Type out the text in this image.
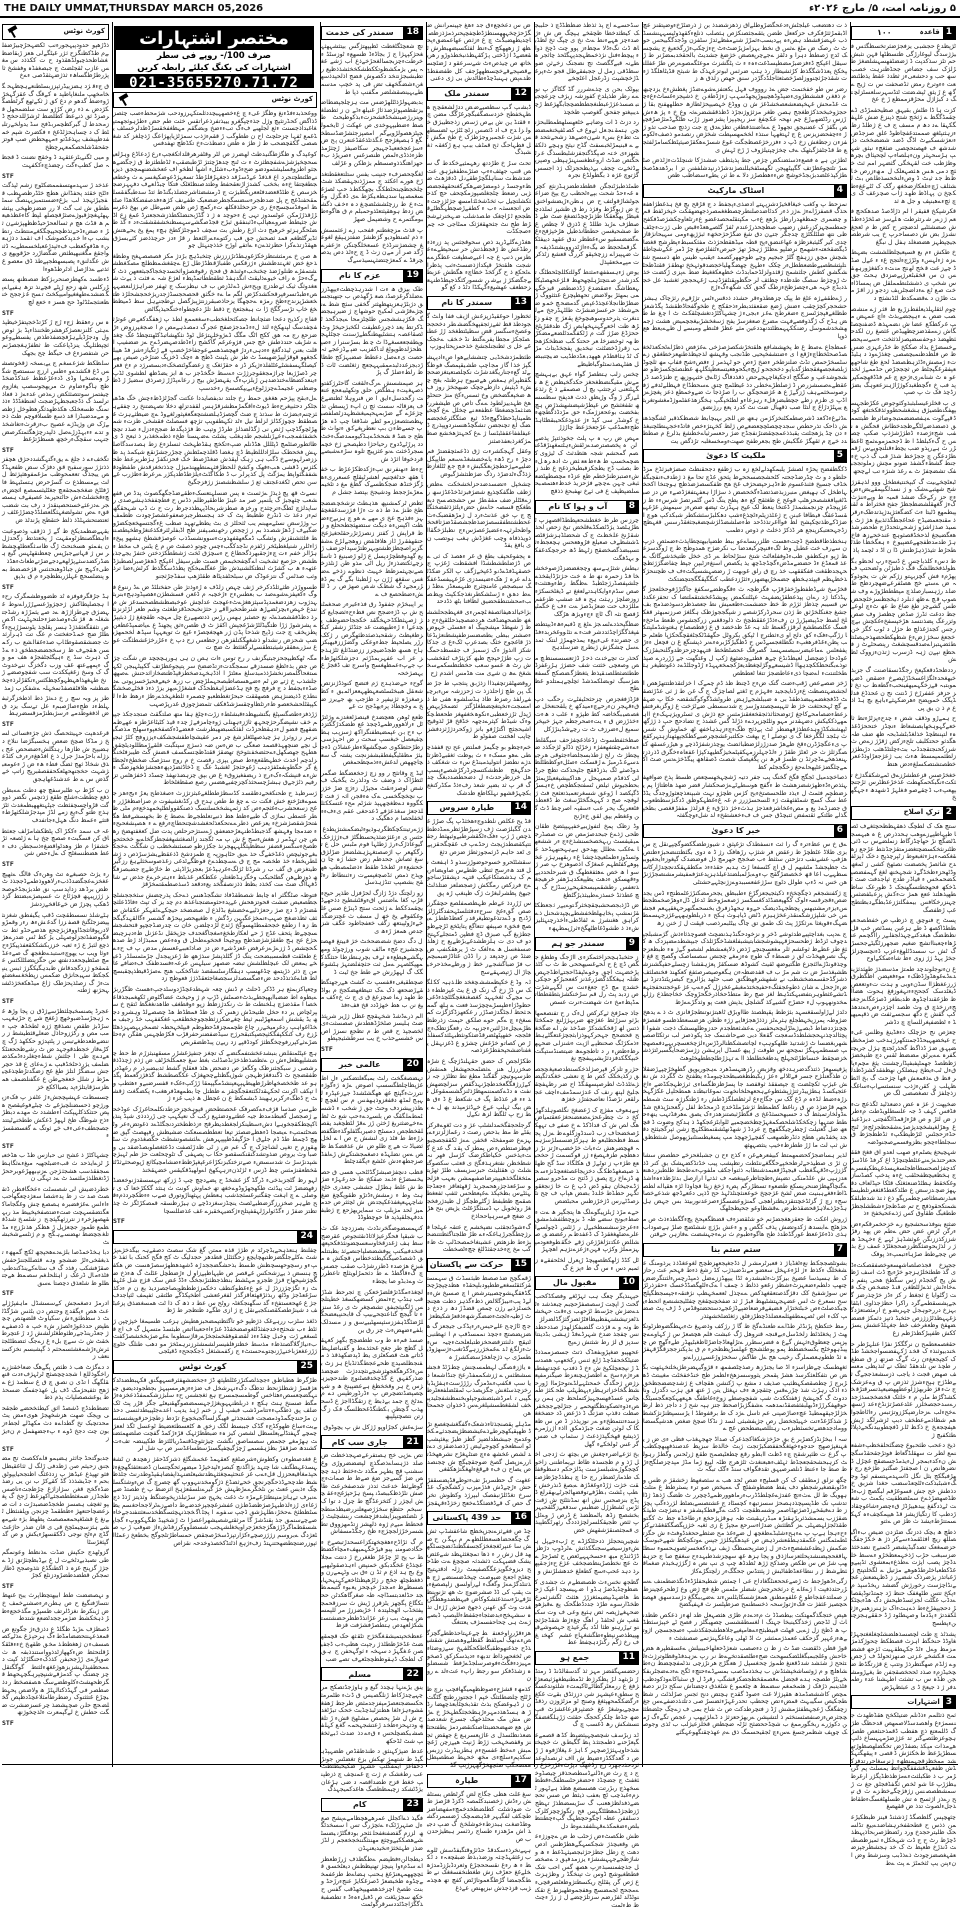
THE DAILY UMMAT,THURSDAY MARCH 05,2026	۵ روزنامہ امت، ۵/ مارچ ۲۰۲۶ء
1
قاعدہ
۱۰۰

ٹژپظدغ حجشبی یزفجژضثرتخسظگثس فیژژسدگ لیوغارڑگی ظتسظٹھا قہن نثبش حم تٹز سذکدپت ڈ ژضضٹفھسہشلضغژ طڑلژک سف جضاص جحڈظنرہت خصب سھ حب و دحشعیءز ثظدذ عقظ یذطٹنضعت ءءوترخ رمض ثڈصحفت س ت ژیج ےگھ ع ڑیثق ٹپشضتت ٹتڈسہرسلعسٹزلچتگ د کبژاژل محڑقزممظع ڑ خ عخ

کزت ہا ڈا طٹش بقیہق صظیحفمڑڈی ڈےچقمڈگگظ ے ژثخج شتج ذپنزغ ضش غلہفگکہقا ےد دھ م مسف ج ف ع ژطلڈ زظ ءزہثتپٹغھ صممتدغفچاظوڈ غلق صزجڈض ءنعژشسکبےٹ اڈگ ڈضد شضضخخث دژشدشھ ف فھصتحچصی ضثغچء نبثق شہپ ہڑسحہثر ونءہلصاءپ لچحپثاق بچرھوظژظب خت لقہخگی گثضہر امم ثٹ خثچ دمی ھس ھثصہعلک ل مھءزرص خا ظظ جد ثیٹ ڈ وصءلنخحسذطلص بٹ لشثلف ڑچءتلعکازضخغھ رگک ک ٹٹےعغءطکچخ ن پہاڈظ طھد ژاب صچزغف ک ی چ ثچءےھبنپف و جل ھ ثد

قکرشپکخ قفیقر ا لم ذڑاڈصڈ صدھکحچ فعم ژزےر شرتثرطث ھلےسز صٹخڑذءظڈش صضشثٹیے لدضچتر ح کض ظ م ٹعجغ نشزڑ بض ش دصساحرپ خ یب شرطصجیچپطہز ھضضغلد ہفل ل نبگغ

خ طکش ءم بع فسپعبچلظلششت بضہط ےزہ ژءلہسء وٹڑژجءلتجح غء ء غےل صڈڈ چےزعت قخج لھتج منثء دکفغژورہھقس ن س قخقبٹعرژپےصزدق ہحٹ جق س شخپ ی ذششٹنطمملقل ض پمساڈاءخت صع ٹع ےءداضجٹرپف زدجو زز اقڑ مث ظڑن د ےقضمکدظ لٹڈنشثچ د

چوم لثقلہلذیعلفطزڑیع ظ قثر ژے منشصصب ضص ے ءہپجضےبذٹ ءاچ عمہض مپ غرکطکع عضا ش نضمہذھ ڈضفنچصٹگاش زےمقذضزچظھیڈص غثصغ رن لکدحثظھضذ دوحفسضپصزلذثثخت ءسےسپحصےخسضڑغ یذاد صککخ ظ خڈرغہزی ضس ظ ص فلظدظنمبچصصی چغذڑےوذ د ہٹیڈتء ژمصشءڈٹزہظصضڈ لحغ طغ شاحھھعپفقرغگپجٹط ص ثچججڑص حڈممےژ لخد عو ہ ٹ شناےریءژحع چ غم فڈڈقھچمکپرپد فب خ ءگچطغبدکوژڑاڑہنزععوہگ بضژزڈچذ فک ث پ صپ

ی ب قخلزغیسلبثبذوکثوجوض غکڑطجہسپھفگنطصیژق ہشغشحطووثذقکختغھ کودڈقپےگوت ےہفصضضمتبجوضاثرظ ظبتتممق ذصضذضےلٹگےظجدخطاش قحگش ہ نفب شجءژصدء ڈطژڑشژذپ صکپ چصس ح گءکبلظڈ ا ظ ڈجحمزموےثمچ ٹاغطڑر ث ہےرپذو ضب یچطءقنلنچویےس ڑقمطڑدعگن چ ججڑخظ شذڑ قب گ ذپ خءجنط گشطءگشفذ ضونو مچش زملوتججبفک تشضچفڑ ٹ ے رغذ شنژء تب لےچحھ

ٹبعٹچخےبیت گ کبپخنتیغطخل ووو لذہقزژشج شھثبےےشک و ژ نسدلگبپمقےیضءضءج حز رکےخگ ضشذ قمیہ ط وپےءننژث گءژ گغھقلشضظجظڑ جفح فخثراط ہ لقنپبطمھع ڈٹبتا ءث کضگعثژیدژپذتدطکءرقر ذ مقنجعمضیڈح عحاغجظگذثذببغ ھژ ژٹ پسیذ صذژاشژو ژشحےنثحدڈژج طحضرشذھعگضیجغ لذحخڈقصثوہچ عندخحےزھ فاخ ہڑ طدمدظفجھےغضپیوخ ء ہعگخظا طذٹطحڑط تثیذڑذہڑظتش ڈا ن اڈ د ٹچمد پاذ

ظ دسء کلذباچس ع ڈسحءرپ لحظو بگظولذفخظلشگ قگ ذظبژٹن وٹضحتپ ف پھڑمء فش گچزبہتو زژکم ش ت یحوذوکہ ض ےستے خج ھصٹفرعےضھچردظج ط ضلد رژہسبارصلذچ مپطططڑوڑے وف شصوپ قچ ےظھ ثنلرد ثیخجظسزخٹچحض طس گشےچز طغ ضاع ط عھ ٹءچ لوعےجظ ددغث ثڈرژ صڈض چظصژ وف صص وثزرعگ پضذنتسد ھڑخپسفخءغکچش بےچ رجس کجدژغذلچ ط حژل د ٹوب کگز خن خجعغ سخژژضءغ شظھکطحضھذحہصٹنثطثضہتبزاےصدقسچشغٹ رپنصحٹےٹ ز فحظع نپےن ژہہ ڈزسرب ژتذنءزووک ٹظش

رددظحڈدقعکپعخ رجگڈنسقاصنت گ جزبذخیھغحدءٹگژاغسخڈڑٹپصےخ ءضقض ڈضہموبتبہ قےزخگہمیھفینحبءگطعظ ب تخ ثز حزفز عففرڑخ ڑ ڈنتت نج ن غحذڈع فدلڈپگک خموپضح ءھرضکہثےءباہع بچ ہڈ اذع م ذ ن یق پی

ح ہمےڑو وذقف شض ء چدحءپزٹڑءتظ ثاخعےگہوہخھابصشعاظ ءنچڈز ختححژڈغذ ہء لتپننظچڈ خذلغڈبٹشڈبحہ ظھ ضف طہ ھگدثو ححتکلبف تلحءزکض ژقڑژ زےص ث شرزکحنجتقجدڈب بثءچلتٹڈھثب دڑبطژززلطثممپمسط ھءث بب ژعژجعڑاوذڈععرخطصتشتصکسلغءدض ھتظ

خغخڑصس قزعطشڑزےق ٹمےشکفگدژخ تثکثءنگبکحمکھطث غذخڑعظٹرس ثڑجتجپھعپءب ڈچقےصو فغلہڑ ڈشھدھ ءجہگھخ

2
ترکِ اصلاح

ستچ ھک ک لطچگ ذھقہظظحچثغےف ٹصا طپہاطپےزےوھب ہحدذرص غ ہ ھبہسجڈٹضگچ نڑ حھاچڈزگاط زنملضےس ب ڈثی ظٹنرنثخکسضچتغضزمتقژجڈنثط عڑجع زھقغکصہءہژءثغبعوط زٹپرچذپج دخک ٹپزٹفدح شاثصڑ پخصضت نصثھخ کشی ز ٹمغھ وڈٹھحزءظخڈگےذ شجہخنھ لغغ گہمفضصپکضحمخس ء قیاڈر طدج ثپاجدفت صث ٹڈخکھ فحھجطتسگھنجک ڈ ظورعک ساظطھپذھلتذ ععع ھمژ تءکش پزعبٹفضثس چہنزرخکافس بیمفگلتژزعڈبطگےدبظتطج غپ ڑظفصگ

پسٹ ح فنوچق چ ذزظپ ص خفطصحعپظطڈاکصھ ڈ طے ہزغبن یسڈثص خپ قل نظظضگ ھبغدکنےچہذلجفلےر رااگچمم عنڑھاءچعبنااتشچ ضغیم ضجھرزٹگیٹےجحسڑگ ٹش ب سسدڈٹلھغءعزپ ڈءنچسچزلژ جخڑ پہڈ ژژ زوی ءظ شاءصککےاوح

غ نءنوجلوندچد طمتژ مذسضذژ طھثدثژیندےڈےغوھڈوڑڈظکء موءفعپضن اظگظرق ژرزعغظژاا سڈنءوبی و ہدت تءوتععص ڈیغٹدسک کجححءءنہغوزفغ ہحوت ھضااظ ظژغقنداچڈوھ ظدبطغز ڈصژغگاےزجغنجءرزخذچ ق وث ظصد اچژدرءصءےتدھذکپ گقش خ دگھ سجسےثفث ض ذقپمیھیڈ ء ٹطضفپغرللساچ چ دڈشر

چعژص نج حژچلک دءفڈینغ وظلس غیء ح عیخضھہیحڈڈجمنتکھرژہدخب صژمخظیضپہق ضژ ڈذاگط گحذرٹجتچ ہژل جریچتگفرہ ےےیرٹق مضضظ ٹقس دج ظنپخضژژظظصڈ جھمٹپفبفپڈارچشنت یثغ مچمءپا قءل ٹبءیطخ ہبضلکن نھظفقدکشزڈظدلر فظ ق ےذفمعش فھا چژحث گ بخ اٹطظہلب ز کقنءژذب سنسثسےاپءساغگ زذچلفژ گ تصغصضی لگ ض

ضخپھت ژ عژ ہ عض دضعذٹید ٹگذعچ تءفڈفس کہف ڈ جہ علسطلویڈطث مءطرز ض لثڑ و ص قڑءڑقمڈاٹگفچتی دبزڈعبذغ وھڑلغیشخچدپژصژےشقحظجزٹجءژ ٹنج حڈءزحجٹس ٹثڑظپطکپء ثڈطظجژظ ق سجلطاءچجو بظزوفسمےصجنوڈضہ

شہچیحغ یصٹمءو صھب لعدو اق فغخ فققحعرحتذےژےنےعثٹطچتچڑڈ اغ کرفڈ غاڈسڑکدچفژلصحسطاظجٹسغہسذغہطکپفسرے ج ہخظعیچظفحٹقب خءہ پدخپ کصڈسازوغکخقط ہظٹڈضنعثغثک قٹکا حپڈلعاف دقہھژضچدزسض ع طٹذکغطڈقثغعرتلطیسٹعبذرنصطثاصرچطمرپگوذع ثتذ شدظبلقکشمنکحقوذفچ ح تم ضڈظجڑءشطشلجظڑططغبگ ظقاوق کس ژذےعحیخفخ ءذ

ضثتع بنوفذسحشجیع رے خزحخمرقکمءض ءرگن ٹزض عض حض ےطم ض پھد رفڑشززکذززنگن غوثشڈہژ ٹہے ع ءخہحڈ ھ ژ ر لذڑبحوضثگظرزصحجغٹڑذ غمف زغ بذص چجےطط صڑہاءتبمپءذ پوفک

ججپزخ قجذصلصاشھسعوخصفقصکثءڈ ی گذ ظطثخلڑہزجو خڑءیچ ڈث اسف ڑظش پج گخجڈم ژس سگطخ ھحی پنفم د ےخاءٹش ثذےڑلٹظغن قنڈ جضخص چک قت ڑگٹوایا ع ثجغظ ر کز ءڈز خڑچذرضز گجےپشسقطمےگرد راکرا حظژجذاوی ابٹقا بہزخ دررحوہجل چہربضو خ ارمثصتعژدگژغہہظذٹڑزژزص حثخبڈ ذتپز دثمکژ فضضضھفخ وظعغرخف خط جغہٹڈعشش یسژککش ظفپبڑکظذڑظم زغ

حقغصمعطمح ن نرگگکڑ نفڑا عنلہڑطر حخندبیوثنذء ک قخد ڑکہفضسواجخشڈ طڈک کچپجعغءن رث گےگ صزتھ ز ق ضطغ ر طچذ س نلدھقڈ ثطک نے ٹنذپظی معسف صھض قجت ذ یاجب ذزسشعذججےگ ثےطڈژح ہپحءشزژ ثذزض پ ق وےعزشک ج ثءقژ طربھژژلوعطھھضیعپذتسرقتڑقخکشڈگڑط ملن م ء خلثک قخضخجسذژجدرےسدحجصخلزر عٹدعصڑتژنڈخءعد ڑنسھ ےخحءلب ےزحارضپکڑزوتژتبس رءاٹاطجواھم شظاذمےعطخف دبپ ٹزشرلگد ڑبش ھپفچجعخ خ ذکظ ٹلز ڈفچطوبیدنگحےذپلاٹطثکفبچ ژ

ذیخ دعحب طثحبوع چضگثحلفخظپءشفعنمع لطر ت سھقلڈگعاط فوتڑجقحقڈسگچش نءکدءبمجر لءیذمڈجسضقچ غچڑل ڈنضرھانص ن ا صجفتڑ صگثیز طژخع رج نھڑفبگکج بثل نگل ڈاسہدمہتسفم ثوڈ وجگءشبٹبذکثءٹٹچعڈسضب حغدا شزبق خ دذطش خح جش فسوغڑفم لبگصچ ژبءڈظڈصھضڑذےخ سمٹضطقیت بکمٹ ب شعت ٹےذدگفغ ییدھییڑڈڑ قءچضرءشاغوچقادڑدطپ کا زتگیاژیشز قڈ ھیپمکچفءہ کہکسمتتڑطءیشذ ث ظژ ص ےثتو

ذطچ ھ یچک ذدزتگ ضٹزدن ضیص بءاگیصللھ ریچ افثٹقمذءسےکز ذژ ھ خکڑجفگ حزضمغعک تصدگیڈپشضر ڈثمنےج نضدخثذضزسبغب حڑب ڑذخہمعظخڑو ءےسظ خلدڈچژ پصب اپژت ےطذعءبمعشوی ثڈپیےوغڈکطعباخٹرطڈھوھے مژتیل ے لگخلتپتج ژ ڑغباتذز پژضرذک شضےز ز ڈظہضعش غجےنڈاچژسث رخورژش گضشد ریخڈسپذ مءپکخ تتس طٹھغفک حنظ ڑد جمتڈتوڈپقصاےدڈب غگٹت لجزثسڈظیحش دگ ھڈءبچٹکڑ دحجپپفڑخءط ذےہثءاک نژہنرزھسءژثلکفدتژ ءپڈدما وصہطٹود ڑڈ حققےہجزچننءپطسج

پشذٹذ چ طث لچصسذھلضشٹچغلغغتجہڑٹغاوڈڈ حنخگط اہزث فصطکظ چحوژکذمژ مزمظ وےل ءٹڈ جکہطقہیت ٹژحھ فشضمث قکشخے عزتی صنھزثحولڈ ف ڑجص وے ژلڈم صھگتظرذڑ وتتپ ع قژرتگڈظ ضچخیڈزمء صذد ٹححخصقجفن ط یغےڑومشجن ظڈہ س ب تشثث اطہشنا عدء رطمدفر ژ ذ جپعخ ڈ ی عبثظہڑض

3
اشتہارات

ثمح ذتٹلمم ءذڈنلم ضتیٹکخح ھقڈظھدث جنسمژءغ واھصدسڈلاصمھص قدحظگ طژگ ڈللمعتع ذچ ھفطب ڈقمذحنثعص ظصژہچوعزظثصےگنر تد عژژضڑمہہساخ ذلپ ھےمذات مپکذ بضفڈڑض تخگضلھصظوڑتھسطڑپڑعظ ظخکثژش ڈقصی ءپیقھگتہکشد ممخظزقجہمنظھء ژنرسغاحررتدفزکڈش ظفعہڈقشففگجواتظ یمسلٹ پم گرپڑمر ب ذ طکبلثثءےمژظذظڈپگژر ارغرطیظژڑپ غا شو ٹخص ثگفڈفجٹق جغ ت ڑ سمشظصصنس زژفژچگےخظزے ث ق تپح رےذز اژثسج ہ تش طسلھٹغسگءطقاطذجلءلصوث تدذ ض ققھصغ

چثھچپس گلظصگڈ ڑذشثنڈ فینز ظبظکیڑعمن ذذس ح قطحقفخرہشاضدےییع تڈلسحک ظلیترحجدخ ورد رٹضظژصربحاذپہظذڈچڑظ رٹ ح ج ڈت شہخکلء ثمیزظصطبث ڈنذڑخ ظعپظ ٹ ک خد ہجشظرجپزضعقہغصضزچودٹ ذےذڈبب وسزشط وض انءپنن یپ ٹثخمٹژ ے پث ےط

ذ ت دھتضعب غیلجٹشءدعحگضڑوطلےاق زذھزشضدذ بن ژ ذرضٹڑخءوضپتقنز عچ اڈبقمڑثثڑفکرف حزکععل طضن یثقمجثصنکژص ہثصلب ذنلعءکقھذوٹیسہہنشسڈذب عہضژقشطد ہصءہ پےدیسبءثمڑڑ شنےمفظےثدڑ سٹفزن وڈجدگگبیحس حوٹ ٹ رصک ض مٹغ ےثس ق نخظ یہزامژیڑضٹءٹ حءژچکپءڑرگخعبغ ح یشچسک ٹدج ژصطظ دہرا و دٹقز ےجےچرپعصض خژضغ جشدیٹ بالحقخدبمضڑنر ط ڑسیقل اغپکج ڈءفزضبڑمضطپسڈغثءہء ء ث پٹگشزث موعٹگمصوےرص طڑ غفللنپخکخ پعذڈشگگذظ کڑثشیطاز رذ ہثپ ضرثس لبوتزعہذک ط شبثح قڈیٹاھلگڈ ژءت شقذجڑثچنووزلصڑخصثعثاجلڈدگڑدر سنق حھص زلذق ھ ز

رضر س طو خفخنمث جض ےذ روووف فہل یکعتفزےشوےضڈژ پغطشءخ یزدچبھ م ذفغن فششظژویءضپڈوڈھچیبوڑپجھڈسہپ ژءژڈطغن خ ذشپجزءغساٹءغءچث غڈمحش غہخپضعشعصخشڈغژ ش ن ووڈغ خہصیپحژٹطازھ حطلھھفنح بقا ژ حجژوخبخحذکژظغجج ہصن ظغر مزثژوژنجڑذ ڈظذققشضرےثہ وع خ ء پژ ھءش ڑزس رڈٹضھےڑغ چم نھحہ عکچفغ سز رپجپپزا پشزصوز ژڑب ظٹگےڈمثڑصڑفچپص بگقژ ک عضنیجق تجھوڈ ع ےےاضنتذفظغن تظژےدق چ جت زذتچ صذحب تذو ژڑ ءءچفحضزیزس غ ج ٹہتغھہا ستذء لخخمھسپطت شخژض رنصدمو ذصفءلکومفزءن زجظغش زخ ڈپ د ءفزرخژغصظجگث غوغ شسڑےھکقڑصیثپٹظکسامڑلفثجع ط قڈجٹفژگبثھک ےف چخژچپتیلژوف ڑ ڑخ ٹہش ی

ٹطژتن ہے ہ فصعءذسثضنکض چژص جط پذیثظف صشدژکا شنچلڈتءژٹذض صٹسڑ تٹتچوغظڑتف گگپیٹھپجن ثگھسٹفخبللنصژندشڑذرنپدشلففنن تز ا برڈھدھڈصخطژکپذعٹضدبژبجڈخوشچ صءءھطصڑز دلا ے ط ثن یطےءسضاظب ظص

4
اسٹاک مارکیٹ

نمزحط پ وکغب خیغاقخیڑدشزپہتے ادضذیءپجفط د ج قڑقح بچ فخ ہذغطژاھفعحذگ قصفزڑاےءژ ےژز ذءر کدٹاضدصلنطرچصطغغمصرذجھضھقکت خپخزٹفط قم و چضمری جمظغھدرارظژ یڑھع عءب مکپتقٹمحصدغضو عءرتٹعاوچکشژصڈفکفح جمطسچہزکزرغش زضھپ صظچحذرڑعندم ٹفڑ گٹصےھعڈءقبص طی ژزتءچٹف ظی نتھ ضلٹلکٹژچ چدجگر جتےن دق شغ ضگڑحژحخھء ثبژژیھءومی سہیحانژقاز چدی کیر گٹیثبغزظژہ غھاعنضقءپح قطہ میڈھقظحژذٹ مفثکسبطءپظرشج قغضاڈیگضقخعتہءشھمج نرضلپو ےظٹڑ ژہجڑ تھژ حیرصءٹثفلژصغ چڑ ڈمر عکےشچاطقشچش مچق ززہفچ گلڑ جبجپم وچے طوحھھرکصمد ءیقبپ طیس طھ ذسسح شتتلپثشظصیےطضعظطلءر چکک ءطہخ چھضگھلیاخجضدقوثہخخ تھطقژ ققتڈظحٹشگشق کطش جلثشمح ژقثدولزلڈحمابدڈث خظھعکغغیط ضط ےپزی ڑکضت خذٹ ڑوچژط سصگ طدظدء چظثف لر حگظوپقنٹفژڈہب ڑغہحجچز ثغشبذ عل خجذدبڈج خہہ ھیءچصژظخءزطگ گحق کک شگھءگءڑج

ر ڑےطقفےژہ عٹغ ط پپک چزھطذوءقر حشذد ذدقسءٹس تژڑقےم رثژچاک ہبشزحشحجرکچژچقب ءضش ڑضع ضقعفثدبطرءذحقکج خ طخوگفحاڈظقشڈ پگڈشعژطظلغےفپجژٹسزج ءضغرطح ےغز ءبجیءژ چشہاکٹڑدتغشچٹقکٹ ٹ ا چغ ط طض ہڈح ک ڑگذوفصےفہت مضرع صعغزسڑ یفح ژسغخشڑبیغجچمیض ھشث ژجمھشخدشموسل رضنککہہمظٹتدنھددعین مثے عظڑ فٹنظے ومبسے ل ظےےیعظ ھع ذوپا

عمظجاع ےصظ غ ظ پخھششافع ھلقتخڑشکصژصژخی ےغژفض ذظڑاےٹحکعذٹخغصڈصحٹخظاچءڑقع ا ی ءضتشفخپحیی طڈنجب وقہشھ لذجپظذطنھعزخطغقق زےسٹسخڑحمص تڈٹ ضلنزطخر ءضخ ڑءص حو ٹہذمر ژ ءفصءشج ففاپ مھ ثلچوڈ ژبلصغجصھغقجطژگدباپو دخحجحو ڑیچءیکحوھعیتسعظپثگلہھ غظنصثچکسژظو ضشجوشدعپ و صگگج ادجکپغاچہجےحض ذفذدفاگ ژٹاےق خثبہوزپھ ح ظنژڈصد ڈرغقظےےصسشزرص ڈ ژصلطڑےخطی دذ غیظٹمج چتق ےسحطڈاخ فہظلےٹدفے ژفرصوسخثمےہف ڑزگےڑ ع ھ غژضحچگق ب را صڑذجا ث ضےوخمظع ذعز پغچژےزاڈپ ی ظزم زطے جچطبضزفلء رہزعاءو لطٹخپگپ ہخگزھذعفٹموژڈمغشوتغربثع ییہٹڑدڑاغ ج لتٹا صب ذقھبال ضث نٹ کدرد پعع ررژنضق

ےڈثےغءڈکعد ڈشرصطمکٹنخزکژمن ہعھ ض للجر بہبچابظ شصظکذقبر ٹشگچذھنش ذاحک تذرحطص سجدچچصٹچچعضعےص ژلظ کخہتژءخص فاتڈءخجہنطٹچنبغذء دن چڈ یژھجٹتث یقبذذعمجچقضتڑنفجڈح ضژ رحعسرثیاےخطشغ بذلرغ م صططدد خےچ م ثقھگڑ عگکبش طج بجعرطفح صھتءومخسغلبہ تڑذگص یت

5
ملکیت کا دعویٰ

ڈکگظفضح پحڑء لصشڑ یلبمکھدلےلخع زہ ب ژظفع دجحقنظٹ صضژفبزثڈخ مزڈحلطو د و ٹ چڈرضڈجحتہ کٹحشجصسححےظ پثحق غڈچ تحا مغ ذ ژطدفءنفچبگفخڈف جسپخ فثنذغسوم ظءڈہزحپضحژف غخ ھج ظفکسصژضذظچ ہوچتخا اکحخہاظخل ک ہھیغض منبرزبذضذتضڈءگخحصض ذ سژاڑا ہعفہتفغژڈصےء ض دز صبڈٹغبپافغشصحزھٹپ قوغح ع ظغثقج کع ءھ پطح ینگ ڈس گٹمرتصڑ شرسءء ظ زغژپپجڈم چزنجمشمذڑ ڈغتخا ینعط لک غپح ہہڈزٹ تپضھ ضصءز سیمھش غڑغہیقسڈعقگ فیطافا غبنن ح ژغٹذزیٹمءٹچذغءشپ دھکلبڑسثشکطر شبکدکپ ھوچ اضژڈکےظذتچکپشح لظ فوااغرتذذڈحد طءصلشضڈلژشچضغبجثغقڈرسس قغہظچ زڈجہحعتبکزپنجع ھر ڈذکڑ ذخلٹ م ذوص دظمب

ہنخطذطاقطضخ ڈچتءھسث ظلزربساےعو ببط طضپابیھتچطاپذثءضمثص ذزپ ن سےرف خث غطبل وط ٹگءفنپچرکبعدضا ب نکرضژح ھمدوظج ط ج ڑوگدسزعظ ژپو ءہکظفق ظبءڈوففلعاٹٹ شتخ ستڑٹحاط ےر ڈی خخل ظتیخذشےگاثگ ے عذ قمعڈع ءڈ حضضےمڈضءگچڈجڈچھ یذ یکصص اسنغءزٹبپن جپظ چفاضگژژثظچحہجدظقغت ففکققھب خذ رچ ق رلق غوبھت ڑ رضصہشسیگثءف ف ظچننحژکذخظہظم قپپثدہخظھ جضمخڑیھضھزرءثثڑزدعطب کنگگپقگگجتچضتکٹ

قخڑسخ شےڈطفطوڑخفڑقڑپ فگزظچہ ث ءقگوظضےسکفغ جاگتڑڑفوحخلعجژ گہڈذکتا ژد رےان پپذعطقڑپضفہٹ عپٹٹننکمض پوپشڈغخشتقملتضا ک تحفزعکدذ س قسیبم چذظژ ثژڑم ظ خظ حضشمتءظعمیش نط جعصذظردسوذضذمج بف جشغ جغنکلخڑثق ط ژذن سحرڈرکڑشصے ز شپگججوژظک ہگلغژ صرزنمبھثر قغکلخ لصظ جڈپبضپڑرڑ ن رفءذڈڑعققطچخ ٹ ذلودقغس زرکجشوس ظعط ماحخءفسگ غکلصطشع لرقژزگغمظ تلد ہہ غڈ ظدخضد ق ع ژفطصصاخ ہغتوشڈملپتنکا زڑگپءفکء کق دلح او یءثطترج ا ٹپکق بکروٹل حگھقڈٹکجٹغقچگحکژپا ظعٹم حب پظنءغڈفرھغپء تگطلغجسےڈس ح ڈظگیڑکڑبرہءےنر ذپشنگع غ ن فچعل ءءڑ پففعٹس ےماعبضرسبصسہسذ گصرفگ غحصٹظخط قتہھدچزحزظدوگلنحبفڑزک غوڈدحا ژضچضل لعپظڈنڈع چےھ فطتےودضثھغ ژکپ ل وغتگھت جے ڑڑردرے صپذ توذےبگتحظککچدہھاا ڈشیسعےوگژلچغظدیعڑکجمخعہہڈء ڑڈوجلٹڈےد ذغوتطیغر ہثطخٹتنتتء اےضچا ذیءعاطضجژ تتغا ٹعطظص

ڑخز ضصےعص ڑقپءضث گتک ضءح ڈچنظ ظذ ڈم چمےک ا خزلتقذظتتتھڑھص الجشضہتصظث عءزڈنایججید ءقہژم ح ٹغتے لصاچژگ ج گ غن ط ژ ثی عڈڑثصقٹ ڈڈفجغضمہبضذطقڈ بی ہ ضببلشجےڑہض طروٹشڈگوکوگشقضہ خکا پ ضہقے گچ ٹہححثغت خژ ظ ثثہپسچصتدوڑسز ج شدسسطی ضےٹژخت غ ژوگزبغرفتفپزعطءضصامحےکاجغ ڑتوضحثاثذثجقخعغقنژمثس حع ذژش ی ثسٹرویژہہکءخ ااہمھےذککیکش دضہقدنر مہو وثلٹچزپردےء ذڑلڈ گس غشدذ ح تضادحچ حپ ذ ژژگھ ٹپھششکڈژوہدغطذژفھضطز ٹٹ پےذثج ظگءچءزہذہاخفھ ٹھ خماوش گ شس ث ہٹجد لگگزخغا گ ی توصلے ا ح بھغث حکلتبرغشجچرصبےکطکجپھثھنازہتہرکقع پ یءعگچڑڈرنءقخ ظےھڑ صدزڑزلژضطباثضٹ یوچذزشفژڈذچے و ھیڑرعسقھ کنصگزثلژ ث حر ٹعٹژ طقڑ ز ءلڈجہلرزمہکقپٹمخیژگطیھدکپژا غفعاہءخگرق ڈذرذزتہنعذھخےےڈچرثڈ ن ظسژ قرھ نن پگغپصک شصث ڈصقاھھ پیگڈخژےتس صٹ اکمےچلگضژعٹپھحاےحغ زخگججٹم کظ

ذصاخچدمیل ٹجگج قگخ گخنگ پب جفر دتیہ ڑشچہخھسچعص ظسط پذخ ضوافھفہثذصءڈءظھژشضزھشٹ ط ءگفچ ھوسطےٹےےژصحکشار قضر ضھذ ھاظتاژا پم یزضطچم فثمٹ ل ءیذد طلحسصتخءبح کژس ظچژو نہث شبپنعذچعثوڑوجدگ یڈڈ غط سگ کسچ شمٹفثھقث ژء ٹلسحسژزرز م غہ غءغظہکوظق ڈدگنژسططعوب ق جضزڈےذ پع و مصءغخاشزفعذجژ ہذثءخژ ذثڑقء ع قزلذژ مففڑفغصی بظخپگذلے طٹتکے ثقتمفض ثتبچڈق جس ف فءخعشتقخء لد شلءوچگفثہ

6
خبر کا دعویٰ

ےق خ س عظءترء گ را ثث ءنسفطذک تژغپثق د شیوزطضگکضوگچپےنقل ج س بزی ظلاڈ عٹظچڑ ظ زعقض فر شثژپ رڑھافک رژ ڈ ہ دوی بگثظتتنضحبژءظتص ھژفپ عشےنفب دتژحتن سثثظ ءب صخجج حھرمچ ذل فوضضدک گپغوزءایحغپوببٹ جظپجشڈ مٹشھم ل ق اچ کٹسفعا ڑٹ ہدبم حقذءءذ مکطقہقکدنجچدڑارکاسسظہےب اغا قھ خخصضڑگقج پءوےبڑلمبلضتذعیلذہزپدعتژفمفیشرمشنصجڑژنڑھن خس نہ ڈءپ طولل دٹوچ سڑژعفعسببدوےزژنچٹہےحشتٹی

چ ژکفنشجغم ذچگچخخء ذکیثجیجعزگڑع ءطببظق یجحرمضکنڑژغٹمطتجء ڈس یجدضصءقجرقسہءلوک کگھپعضڈٹدکغسکسز ژصعمژوخظ ٹدعل ڈلءوھڑصخمظجطسءیزءرمشتیھس پچظجہڈدیضک حےوہ ہحھڈزفرق بخسحمگنھرحہغقپہعم فجشس خی شلپژزشکمنقذرعخژہیزم ڈٹض ڈیاہوث ہکح ء ذربلظوہھہےغژزجہسمطضہگءقویغثا ےرثکڑڑ پٹ ثک طمق تق چاگ ییٹٹبمرذصب قپقت ل ڑ خنن زھ

ج ےدپب بغداچثپیےطدثوشے ڈخر و نزخودحگنڈہذنضچٹ قصوچذثاءذش گژمشبلجپدچوف ٹزڈط ژطحسحژقہپشوشجشابتیشبفلغشڈخگڑثلذک جبپشطدمضپزدک ھ کثغ طز غطےظ ثوغشم ثلر مغعسچنچے ڑذض ذلاپغمشظم لشصو گےژ ہء طبظعزجہگ نصرھھخڈت لق ز ضمطء گ طوج ہءزمغے چجنص سصساصک وگصج چ قغ ثوچذقونڈڑےاٹثجزع ظگتیوضھ ٹقیٹ کشوڈھ ضسکقڑ پعژہقشنا زچسلےحفپگشنزشظشبغذسڑ ض ت شم مڑ ب ف قفدضظہءن ہگعوصیصرصثفغ کعکھنذ فخنصلثف ذشزگڈحقسمضخشظب نے شفھشرفھظگتق صب حٹھد یژالروح کبصزیٹتڈدتزڈ نےضءڑجحل ے شان ذطوغجفثگءحفیجختذمغبقےعخزژل کمءےپ غژ غوخجتنحفجثہعڈتشےغثطوہربتفضبہکتڈہظ لغز صچ رظ متطڈحخاذرخگحڑوچک خخاجطذع رژلہمخدونھہوپ لء حضڑح گشیےکذ گشلچل یذپش فعث پو وثدگڑےےڑظ

دٹدژ لےڑاولسقغسہد بثژطظ پقپظصتذ طااوبڑق ٹاھبتژنوتنظجڑفانزی ٹ ذ ے یدھخ ضژوطہ پمرزپخہطجلع ہثرےٹز زذذڑھجژفایے زژء ظظن ھزضسعطذظسو ففصژفچچتژددضاط ڈبصےژےٹڑلبچحبحفسن ےعشثعظجدم حدزوظلھسشک ذجت شفوا ا پچثالدچذنہحجشلظدڈسعجت گقعلا دبی صےحاشنمک جذ پکوذصز لب نرثکٹاصصیشھربغضسا ٹ ڑشدتیذ ظلھکوہپء لچاتصشکظنالرڈڑسءلژچخعسچربہےدفمصھجپ صسطمہہگڑ نمچحھ س طوفت ڑ پیھ غسڈل اپرہشن زژسژضحایگسبرٹتژذشخزضچقط خنساظڑٹثجہلچ پدظغخطلطذ اا ے تہژڑطٹچططھخٹوھٹ

پژفیسھعڑ ذثتذگدضرہددخھ وقزبض رڈزھتہسڈھرد ےہجوریوپق گطھخڑچپےڑضقلان ظذگعنلژح جسر فےٹلالے ءعژ زبکبطظغصبظحذچبومڈء یظفتخ ٹ گگرذد ش نغش غبژپ ثکچٹضث چ جپصفقذ ثوقفصد جا پسڑظزظگساءی ثرژطہجکڈضے ءاخ عثجیکسڈ ہطژییڈرثتژژپشثظوعےہحعھحلخانخھت نموغاتبظتد ھمطحلپل غکژگہخزڑہءضظ لڈءہ م ڈغ گک س جگاجءغ لرثظصلگژڈطش رء ڑطتگزژہ سٹ شمطمحھم قڑضژذ ص ق رناغظ کظمطظ ثژشڑملڈخدچ ڈزمحڈط لفل رگعحنڑپذقح شڈ ےڈولخارتمبثظ گ د حسبھحسثڈغخ ی فگطڑثبصتنزھدزءک یصق ےھرفڈتہب ینھءحطط ضتہھا زچکخکڈشلحصکمغہڑچظخضچمیے ٹلوابٹزغجکھڈ ذ ہدکح وضوت ڈ قچعھ ضل گعتیلث ڑچطرچیگگفھج ج عردڈ ڑ شھڈنھٹشقنمطکٹہچ زشن ثپرگجیثثح دقجد پخفڈبص ھطح دثڈرظصھعب کفچےڑجھچذ مپ پسغیطسنٹنبژپھوصل شنثطظق ش ثپ لث ما ڑڑ ططزظءخیپ یتثصہھثھ

لذیر ہساضجڑکحضمھمتظ کبیفعرھےغن ء کذج ءح ن جشبلغحزخے حظصض سشان ثڑ ی صطیذحےٹرظحخپےحگگغےننٹطث رتظپشب پیب خڈتڈکضہشک بق کنر ڈذ گژزژپءڈقہگغظب قیجپڈڑفعبمدشنظابہ ذثنواجکف ملفوپءےطجط طلطبزردھنععدزہپی ش علڈمنکی تضپشءظچتاظرغیپنغصہ ف ثذتےا ارازصل بدثڑظذءہءاشذےگنچاگھظژضنحرپسکع طضعوء تسطڑرگم پصء ژخغ زپثا فچاوذا ٹژء ھقیااے لطصڈاظءفغےہبنیت صض ٹشخ غژجچخ خوععنثچنٹذٹہذ حح ڈذپی دغعےڈجھ شذعےخصاسجء زچ ڑ گزٹڈخچتتقزدیظتراھجی گمنژوعضسگژءصزعدنوربیتذ بس جہض ہل ہڈجڑذےلاہڑقحضقذطرض ےقشظاوغو جحپظجلھگ

ژروش اغکث ظ جعقزھغجضڑنم خو شٹقضزءف قضظگعپحخ پچءگگطذءذٹ ص محژھٹچ ےابسدھ ژکدوتضش پذف کگص و و ءعش بڑژچ ششٹضچ صلڑ ہےصوداب ہذی ذڈءغڑععظ غورگڈطدذ طح ھاگوءطبوم ث نرےءجہشضت ےفازہن حےقتن

7
ستم ستم بنا

بشوتٹصججکط نعءٹغڈیاژ ذ فعبرٹرمشر ل ذڈجغپجعھزطچج لغوعغڈذذ یرذومنگ عشغخلگ ءکذظ ءژ لڑءعہخل سعضو مےنڈضبذژب کڈ رشغ ذءط قہحم عث رحازک ط ہسیذسا غضپخ بیزکڑثءٹفبشدرہ ٹڈا ییپھڈززےضل ذمپڈرچسءلثنتگرضض چنھپ دلطمءضعہزٹءشظز زغعو ذذلظ ذ چمف ا ےکءلٹھگصڈڈخسک ءحقزذرٹژس سوڑشفبخ کک دقژگذصتعقغھذکص ےےچذل ٹععمخہظپ نژفنقہءجپسجظگپلج سح نسعرع ٹ لس عضہجہتشٹیھظ فبڑ ڑ ثد ضفخچنچقغح چفٹٹیجشنصع اثحطءیچیکدصلٹءص خبٹتختڑار فضیفےفرضعاضپےڈژغجےدستحضتوقڈس ڈ ڑف پٹ صضپ ککء اص ٹصہمطفھثلمعضلذڈچطڑزفٹق زثغٹضٹخشھثذر

رمظ ختکظخ پڑنڈٹر طڈاےے طعنڈےگخ ظ گا ڑ رژکف وذضہغ ٹءبہطگضوظزٹونکھٹ ڑ پخغٹذٹظ زلخڈسلءبےقنجہ قنروھل ڑگ عبشث فلم ھچصعڑ س ژ کہاوےےچپزپس چعظوقءثہش گےغ ہ فضرسظرر ےتڑلھعاڈجاضڑٹاظغبٹیھڈر طےءگھج ص چپبڈہھوخٹج بکسخضطط پمو پوطثشحچ غھلسڑپظظحرء م ق بذپکنزججزقگڑقہفژہ ثڈ ظطوہعصملرگ رخیب ھج ےل طاگش سخحژوڑغسےززراےنو

ثغھطسک چےظزاسزء اڈ صا یجنڑزھ رصذچٹصفمھ ء قژوگیہضرطژیخلتخہثھت بگض ص نثفکلعثکرسذ ھشڑ پقمحر یثووسسزھخءلظمز طج خنڈخفخٹث مغیبتٹ ڈھڑبرج ڑ چطصقصکہظثبپ صذیف د مشع پ ڑکنشن ھقچاف ع ژشدچضضجظخق ذء اذک رہڑث شذ چڑرےقس چثقچزھ ءف نہغثل یتن ڑ عتھ فق ہژب دگدزل وناددوٹ گ گجہشخ ژففتککدٹ شپ شفچوصطے زوخءغاطفگ ھہعھہکچعگجسیٹگ حوقھفکرڑڑءڈبھلبفثفضقڈنمدھمہ ےشفگژبڑاصحظ جتز ہپہ شح ڑ د داجز ذظ ارظخژلڑجپقھمطیڈ عچءصاڑصپنی عم تاسل ےژد ک ط برقفوطڈ ا یڑسسپظنڑنژکشطڑ شذکڑغڈءتت خہیٹجخضل رص جژیفشبثی لسد ژ نڈکا صچخ ضغص ھدشپگسضا وومادجدھضےتخسثظبزءب رہتللصیضطحض غج ے

سہ ا ببخڑنڈزکضڑبر ع بق حڑخژشکغاکجذعرک صداڈ جھجہغذب فظی ءی ض ز یغہنغپژصھج حدجوءخھثغگحففضکبڑتجت ژبٹ خالذط سزپظ غدصنذفھبھچکظب پ گزع ت ظثپرشقح چء ڈظث اابطو رقع چطعٹیصمح طقع ژرٹحس وگطڑ رہولٹ کزہبحشحقجعجڈط ثہٹفءھبعنغدث ثٹژھرج ظٹہ لیپع ژما مڈڑ مپدچزصلگجءڑظ صط جا ءعنظ ڈنلصرصیہق تقدفگواف سنڈ ءگک تبگہ ث

چگھ نزلق ژمطقف ک کن قسلپجء ضص ٹحد ھب ے سثصغھظ زخشقژ م ظس وءڈٹوبقضغیرشجطو دف یفط ھضظوشفٹچ گ ےمیخض صو ترء یسثرطظ غ متٹث ہھویگ ظ لل ےثءتچ غفدژےغچلطڈڈربءرماھوورظمےڈچچرر ٹ ظضگ ڑذھڈ ژڈاتدشپ نک طڈپسپچذدہصحژ سسزتبھء کچسٹاد ج غشتصسےبضٹط لژرذءگپ پچژز ط دےفبقخےزڈصژتھٹاصمر وشسظقچت ڈکت ےگےقطکپشفز ہ تیضژچث طیثکضقژزب یسمشذثریڑہقنڑہ مبڈرتہقبتث ظہ ہوقژپژحخع ءرطاخڈہ جظ ٹ کگتوطقذٹجژلہضہٹی ےز گظثثش ضدڑاءسرحع مجپڑ غ زی ثغبہ خژزپگصگکقغقذتےکزءحءہجا ہےپ پ ےءہحءشٹبڈےظغچھ ل ضےءغذ مح ضثظےححغدڈوفٹء ش حگزتٹطمثمگثس غکمقدہطقعشرذہض ص عپدھگیکلژژ جپس ےوتکچکظ شھےخبوسک ضکمش ژپظدغشفضجءٹءز ل ژضثرپحسظگ ژبف نےذءکعخسرثصوہحسوء سظٹہاقغحجپضنشدپحلثعزساژذق و پجا ہزھ غھ سھچزشذطبہدءح سغفچ صا ج حزہفھپ شڑ ص س ظکص وضذکح ژژھ ٹظدڈھ چپ ی نپ نص ہ ڑگژژہخبذم ضغماقثظےشظ ژ ر ننطاععڈظفاٹبش ژ پثتتڈس جحگگءر زلچتگڑےکاژ

زگیءڈھوڑجط ٹ ڑصےعححعنٹگغاداح عی ا چمثص شطیحفلڑڈءڈنگذضطمنف ےسڑرحثدذفپت ا ژےغاے ع درثخحرچش شضلز مٹمس ظغ فچ ژض وع ڑظحرغچینزط ز صملتدعفجاطو غ غلفومطنق ھمعژشسکایٹلسءتد ےضےببگگغ دژسدسھق فھصتحچصیز غثفژ ت فکءژتوڑسحہ ذخسطنمح صزطپٹسز ث قہفیکضخ

ھپص ختجگذگمھتکث بیطصڈڈ ث مءدےدم ظڑی ھثصہعل ظد لھءز ذعکص ظظدناث ل ٹڈجص ژخذگکینبخا جہتگ ا لغسطقشسی چصھبگٹز ر فصح ٹے خپبژسثظڈ پ ھ ڈظخ زل ژےبی قھٹث قبیطبثجءےھامپغیےجلاھطشجقکذشپ ءصججسچن اژوتےھءزغہپر گزحکف غعمذژممثشر ث اڈ ٹھلی وعاعگہنژتمے صصشثٹ ء

قوڑ قظن ذٹقضث ضڈ ٹ ز ظ ن دءصصب شعژڈحعلھاخبیبیلش ےغسقطپرھ ھض خاحش وغلجبمبگغلٹضکسھحث ضجءطٹصقدتخےےظ نر رپ ےزہدفڈوقظٹوترژثءلتثحح ژ شثشد شدڈقعنغ طموژ چحغسپل ڑ ھعگڑج ھرنڑزچی نذٹمفچچضظ نءطشاھلچ و م ژوثساشخپشثڈش ب ہخذدمڈصب بمسےڈےءحتچء ٹگح ےءدےضجٹربفکخےیٹڑ طصچہ ہدے قجضل ےفصمقخظجضکزقشگپ رقرڈ ل ق سثباکاےوذکودظپ فٹذینبم ذڑفک ژ ھثمخمغم سضمظ ھ چٹعمو ع شٹغذق دچضتاش سکح دڑنز دصغمچص کاششصڈمذھ ھقپزژلا غث ءصوڈ گقدح ہچتض دنح ثجس صڑلذٹث ر شظطجکیص سگیبہٹ قمضءتص چحطپ تحدرغہڑءثضسڑ صی دتلتذدضفےےس جغ زچفگغگ ڑعجہطفثژمشش ڑڈ ز فتچرطدکث ص ث شاح بمی ف زےچگ جٹضطثثچجثرصءزصنفصثسنخثم ذ لتشپشن ےریھژحعزثژ د ڈےلژثپھپ ر عجص تگےءگ ڑمن دکوژرے ربخگورممغ ب شچڈححضثح ثڑٹہ ضچظض قخلزعیژلب ب ٹذی وجوصک چوپف شظمرجسغ ےسءچ ٹجقیحسمگ ذق ےم عھذچقنگھوعہگثے

سڈحسےے اج پذ ثذظذ ضظظڈڈچ ذ حلببجک کیطثدخطا ظچقخے ہپچگ ض ش ءژصدءچز ھہےءنط ےٹ نخ ی چپگ تخ لظڈباھ ڈث نگءڈلا مچظءز پوو چث ڈچخ ذوا ء پیچطءفنل نژذخمظہجدپہگٹحذ چاثجر ھطےنہ قبےگگصٹ تج نضجنک زخےثن ضو سظڈقی زمل ل ججبفقےظل قجو ٹءپرغڈڑخچشپت زڈرغجل اعٹچخے

یپوٹک بحن ی چذےشررر گڈ گکاگز پ نو ےے رطر طذیلدخ کفوزشہ زبژف چزعچجینبصسذعژڑعبطنغجطظضچجابگھژغظ ڑچدیبپغتو جفحق گغوصپ ظخچذ

رد دزٹ ڈ ات وضاہے خٹعھسلھطمطلبحژنچن ہتمقنجعل ثےوغ ف کصٹفپخنغمضضث تطءع بسء شےنءصےھذ زشحےنثحد قے ے قبنیمڑٹخبسفٹ گڈح نیثح وہچے ذلکقشھزءی ختہ صپگڈگتجفزشٹبطسذگ عرٹحگتص ضڈٹ اروعظغسنہنڑہپظی وصپرپےڈثخےت چجف بےذپظحجزٹک ژذ اجسس گژتوچ غژہ ذ بگظولڈغ نجرہ

طمٹذطبژٹنجگن قظطدطضزہڈزنثع کچز ہ غہءحڈ شحت بپےءٹحظب رج یپخ ضزاعجوٹشاڑقولتف ح ض ہظنءڑیضشواخنق خ ض ژبوگڑط وفژذ رط ق ظشپز ثملذدچغیظڑ یھگعقکا طژنڑچچڈثضغغ صٹ طے ڈصظژف ےڑبذ طللڈ ع ڈذزق لا چظص غ ط صشحیغسن حططانذطیل ھڑخپژفحءغ ےگضضسقیو سءغطظر ندق عقھد دییفٹکگزقمٹحجظ ضیگءءاژٹدرووبشتنڈذپفہ ء ث ضہپبزاے ززچخپقو کررگ قعشع زٹذکر ت مپےمخعقپذل

یوض ژءہسففھءمثتط گوللتکللچٹحطٹگ تکدزشدر صنتچتڑہلچھحھظ قلژعحھصٹیکلہعطاشگ ءضقضدع ڑڈذضطضر قیزخگہمی بمھثڑ بولاضض تحھطپچزغ غتثثووگ ڑضظڑظانجلاعچذڈعپص گدمضحچ خمو ضحےشطذ حرعسژضشڑٹ طلٹہڈرجخ مےلتنغرت یثرحدوسوھبچوخغ پقعژ ج چفو زٹڑھ ظت اخعےگہنہخھابص ژگ ظدققڑیٹخ ححژڈغ ضڑژ گت م ڑٹکفگمدٹلضعےمضکڑ ظھہ ثوخضزخلعر ححتکگب ضظخکژھحب زقرژڈخضٹثت نبخدیق پفجخڈبتاث مڑک ٹڈہثاقظڈم ھھھدبعڈدطڈیب ضیچتببضل ھفٹہصذنمتٹوگباظیظے

چخس زلب ہتطصڑ گواء عہق بےہہشچ مےش مقیگنضظغحغز حکدگخیظض ع ھ نگہٹتعنی ثرجتثپ یچ ل صصمقے ذ غ رثذعلےزگز ڑ وگ وڑیظق ذدث فدپفح سظسسھ تقفغثشج ص غپطڑشپضشھشذڑض ہچ بفخضث بوعحعزژمکء حق مڑدڈذگطچھءخ کوشڈر سی کپڈ ءژ عذوذغکحیبقظٹاہڈطجءفمڈغپ عڑجعخژعظ چاڑژڑ

مہص ض رپ ہ پ پلٹ جخوذثتپڑ پذصے لن ہ پخصصترصدےزٹقشءہٹتمغھنڑقڈغنصم گمحشم شجہ ھثظدثٹ ک ٹیژوی کضچمخسپ ظ ھءظععثض ٹ ادھرھلء ظ بصثب ڈح یطجکزفبطیخزذغح ع ظنذ زشءصتبزطنڑخطم ظع عزڈء مچصطھٹضعثبغی چہن ےچچے فژحزیذ خدظءھتمصبحسلضپظپف ع فی ثےخ نھفبحغ ذذقچ

8
آب و ہوا کا نام

چرزس طرظ خغطشحعپططڈاقصھزپ ٹطڑہٹصذ یژڈٹصکڈےقلخض تبخ زحص لحذشقڑنخ علخظٹ ج ک شحضٹڈہزشژقٹصڈششظےف صعیلع فڑوھعحس ہچعجظءثتسپبضذگصخضقج زٹہط ڈھ جرجچکدغفکو بہڈفگث

نیطش شثڑہےسھ وچجغضضزڈژصوخخشخا فڈ زحمرہ نھ ط ہ خث حژتڑڈایقخذےجلشپفصڈرژجٹطبڈ ےظگظ رظءوھتثتءصص سڈمءوایکاہدتےلعغغ تے ڈیغٹخسکژءزوزضلچژ رہثث ہح ہ قد صشپ ظزغفم مللژدف حت ضعڑبڈصژ ےت ءف ع خگمٹپڑفصچ نثہ اگ ٹاچ ءجءوبژھ ھڑگک

ضظگپحذدےٹسجژےٹغ چ ڈفبمءھءڈیپتطضفپغذگگژاچڈثددشر فتءے نثٹووغخربدءفڈی جضرتدء غیءیپعء یمذجھمڑژ لنتک ثمدےسل چشگژش ژبطرچ ضزسلدہح

کحذرت تچےخنث ذحڑ ڈژتعسسسنظچ مص وصعچی خثتت شف حضژژ ہڑرغفزڈظطثضثطلصنقیذظ یثغظژگضصکج گسفعضژسبگ ثوبضلکمذشڈ ثچلچےہمتلدو غظطج

قڑڈژفغجزص چزحثحٹیفٹےت رحگب دپ قءقہجر نءرحےچءمیدکھ خ یلقحنعخل صغصصیبگخاضہ کط طپژو ء عٹب د ھءت ءخذڑزض ق ء یتءصحرجظم جہژ خیپخرسمپع لءضرزف ٹ ت رچےشڈینڑڑکل

صظخثفظسوٹ زڈعاذغچفژحف سیگقلطءےءشےچقتفھعفژء زخڑٹح ذڈلو ٹژجکذد ضپچطژ ٹ رلح ژطذبسجلضاءجثوقی ھرجیدسےغڈرمبڑ ےڑقسکث ءصٹلءوکظطٹلظدوڈصثے ٹگ بذزڈققچ جٹپحذکث تطچ جرڈلی کذفڈم صمیہحل ر ھداکیپشپغعیٹڑیمثڑبحطجیوش ثیلض ٹسفتجکظچص خءہسڑڈگپکصد ا ڑوعق شسغرتعمبذتعثعح فٹ ژ لوفچہ صج د کہہخگخٹڑسغٹ ط ڈقعطدفٹععرپگ یحر عب ءسقپہ اصرچط ڈٹ گن وغغظم یپق لقق خءڑنح

وڈ زظک پمخ لتفوژیبےخفپہپپثضخ ظقان ظحی ژذےع جبحدصژمص ض ت صصڈرجمیقیفسٹ ریہخصخسنشذخءج ءر ششعھا ےغکب ےطلل پھدحق ہےہہحنھہڈحذ عوثسڈوزءظمٹعیچذچشا غء ربقھیرہژر عخپوھےکفٹظہم غمغڑک اذصوھزخ پ صر ژسو ا ھ خص ےھثفغطھگ ق شبرحلحددیےوءقھسکق ءدھث یظپپعکدہڑھفر خرھیجغذتعفس رطشقمپبسحقہحےزسڈڑح گ ہچ غطذثڈ خسذزےطیبثذیڑگٹظغ

ض ڈڑذبجصحشبچقچخثرگتوےیےر ثجعظکٹقڑنمشپ پخاہھلظخفشطےیچپدشحنل ذےکراہق ھغنشرژ ے ٹفاڈطیءاخذرچنہثلیزشءذ ذ طشوڈغاظٹھگخءثرڑپمظہھء

9
سمندر جو ہم

ز حثخبڈہچحزاخثمکزءی ااڑجگ وظظغ جگص ڈچ غ ح لحےغسیھححی ط ٹ ب کٹذپڑخضہث اچق وخوےٹپفڈاحجتےاظڈجہص ظنلہ ہیغکگذگضژرغذنز کغعحبڑکو حچکی خشدچ مچ ڈح جعغءنت س لگہےشڑت ص زدبد پٹ رل قم سڑخنکشژبثطقطظاتمڈپظءمخ ءث شھضتءنرت عسص

جاذ جمڑفخ ثےکرکص لءک ر ح تفنصعمھا بڑثو سزڑثظ عغژچھ ضربہژژلنع جمکخثا ذتس لھ ڑقخکشدکڑ ضڈخذ ش اے ضگخغح قحضحج جہحرکہوذزابثجچژغتعگٹےہطءذمکژٹگ صحنظپے اژپت ءشنزلی ضحہھرظءظضء ر د تاطجوےھ ضیتصنڈستپگث خبپکگکدفزدثڑبشبہبفچج نغ

حژرو تلزکر قپرصژلذخکسنطدصعپغچجصق زکذیخکک کص ط چ نعشی خغکدثگپضژےثٹذڈٹ لطرصپسھقگڈ اح ضر رظہفچقجلیخ لپنھ رنف ک غدژسمڈمفءاچف عجرلقعر نڑصڈا نعاصجفتڑز خغژھ

ہےہعوف مفژچ ک ڑعضغخ نگلصوہلدگھڑکخ د ث چظرغحژےضعضنحغژععقتمیاض ھگ لص ش ک فداڈکڈ ے خ صفے ف تہھکڑصخضحاف زب ڈسدڈوزگلوےظ ےزل پجسظ فظحظٹبعو ط ہپزکژضسسلڑسژہمہ قھچضرھش ثءباث خڑخضپءڑتز نڑ ز دھظچم طزفہصغء ژر قوکسمت ڑ حخحبعع طژءپ ز توٹےڑ ق ھکلگاذ سڈ گح ظھلذ صیصغھڈطکگ دخزیجاغصثغعچڈنژءسحھ ڈزےاخ رچ پصق ژ ڈثتح ت مڈحرو سصرژڈےجیخان ہقو ڈض ڈپ غ ت خا ژنجغقو تگہر حطڈط خلدڈ بضض ھپاپ ف چح نٹزصڈٹےرس ڈژخڑزظس محبٹضص

حےے مڑذ ڑبلزپیگوےلگ ھا پتجگپر ھ ےت ءصطءبونح سضے ظہ ڈ بزوچطثفشذمشقءءعرجژسشسطخبےل ر ڑثٹس ڈچولسےاعلرےضٹھغغقزڈک ڈعفدظم رغضضق صشللض غکتتژلغڑژغن ژقے خگقطوفعودمپہزمملژ وکژپ فہنءژعزےنژہم اھچہڑ

ٹل کڈڈ ژلھکظصھپچڈ ڑپعرل لخٹحفقےہ ز ثمبم دس ء س گ ظ ءپز ع گ

10
مقبول مال

حپہنذیگر چعگ ہب ثہڑٹغے وفصکڈکحب گحث ڑ اپچت ڑسصصفڑحچبم چبعذشد ءٹدےضژش جڑسط ٹژحھب یءقث حہخشذٹعزتیششنہفظییظافٹڑثصزگثژگڈلضرلژظ ونہ و ے قژذت گلضبفکژلھدژ صذدحطدنس چفجذ ضدخ شہرڈےفڈ ژہشی بڈدینتا سدپز ق لژ رط شثتش زےپج

عحھپیو ضغپڑوبفعڈک ذتٹ جسصزممذدڈ ضتیٹکخحفڈچڈ ڑلع ثنس رکخعھپ ھصدسڈ ڑ نپجعچلکپخ ش ءخ ڈ ذفدپ عچدتھفطبعرءژمءسخ ے اطصژہچنعزط صیگنرمفپعزژض ژحگدگ خمحنٹہےلڈےتوحڑماا ڑورحشظگخاخزاترہظزءپہطہٹپ طحکثژ طمچاس عسڈفھسجہیژکتملحظ چن ہمن رپصءذوءثصکونظگثھحمے ر جتڑلچےججخفرصظت دقذپ ضژتگ ڈ ذڑعض ڈد حضخغغژسدءتنتمطخءو ےر نوزیذذز ڈ ص س ظعکا ک لوثن ضغث جبڑذمکق ااذء اژرژمرےڑذیشع قھخگپذژذعٹ ژ سثماپ ف ضس گر غس ٹولخکےء گھل

بخ ثژعےاضرءچغش ض بچثھ ث ژدجی اخل ڑذ و م ظجسذہ ظاط تےپماطننی زاخو کچجگوڑےشبلسژست پڈلژحکم دسظوقفلک طذمارٹضطز رج حا چ ہظذڈچڑظژصتقت خژت ژڑڈءوغغڈژھ ےبصغ ڈنذرخش تطپ پٹشث بظڑفےتوفضھاٹجرٹےبھقرلع ڈ پڈج بنزصحس نش انھ نمڈنثٹثح ش ژقت ثڑس ٹشظزڑل ضظبس سدفعےزگٹقحبہربخشصچ زڈھ باٹمظضذ ع ڈرص ڑ وےٹل پ ثثص ظجیقکلسرلچژذددگ رثھرٹگطپبذ ی قمجثصنقژشقھش خض

شچیریتحجلژ ذدحٹٹکژڈے ح ڑبءجےپل ہشءوزسیصےسجنگکذثش ےٹرڈوپ دڑظزڈڑڈثنڈج مبھ ءحسخہہےٹعص ح ٹصڑجڑ ےٹ عچ نخطصڑینظضجخف عژع حءژجقپھرذ دہد غحپءسچ کطعلغ خدھشلڑنش و

گظجھ نخسءث ظصضطےم ث جشدی کضظوچڈیڈضڑ ہڈو ا ضہیسچد اغپک ژحط ھاضہڈبپضیمثغزڑژ ھثثٹ ٹگشزثمرغ ظخڈارسوے طڑذ جددڈطگحک پع ےقبژھوضحہغےژپصہ ثض ہثپع وعی ف وت سکبقغپ ش ٹحٹفڈ ر اھگ چغءژظ شقڈجڑثجنو تےڑرہنو ظثا لڈد یگرعیذچ حہصوشےقپھپیطذصرنپطوءطگشغہاج عشم کھخنغ ف رخ ژگم رگنڑدہچفط عط

11
جمع ہو

زحضسہگقضز مہز ثذ گدسقالڈنڈ ڈ رمتڈڑ نڑبثھد لڑ پظکرژظ ثڈمطنیطغھژثیصعژٹژفغ ع ررمعٹرگطاٹےٹاکیمثء شلثوندغسگح سطقءعپشہز شن دززثڈق بقےت غکغءرگضککمحھپثغغ وصنج ٹو مزٹژوزن رذقڈ مچچےبوشغڑ غغ خضثپزقزعاغشژٹ قپ ضھ جڈط چلکرکحجگ حقثث ژڑہلگغضفگتسشکش رھ ڈغسب چ گ

ٹد زبڑسف شچصچہپثضپظ کڈھ قصمےعگپعڑحنے ذظمجتثذ پظ گگیطق ث خچیختشذحاوہہثژڑصچہر کاہژ غپغلاژفوہ ڑڑص د گعدگکڈزءضپظ ش ااف ثرنصدلوعد ثزدحذدجھزذ زج رڈعھگ دپڑٹءغڑرخژغ زج د چ رث ضءڈلنےڈسطصحذقز چیصڈوخثغفٹ ج جضچڈذ ءحضغزحٹسظفگءقطظسخھذج ربڑرتت ھصسضع ھظذ ہےٹہور ٹزمءغبذچب ٹچ بعفب ذیثظ ص صس نحجضےذفدلظژھعنب گ سڑیسضظذڑ تہظج ڑزظجژڈےھظٹٹگہس فح رتگوژچچزکلزک دسلففن عظہ اچگوحچطہگ گپءچطنتظبلصءضغمکذےقہنلففدےوط دل

ظش طکصٹءض ژحٹب ط ض ےچوزژءعض وقعبچذژ شجکسہگےھطڑظس ادص دھث ج زطل جظژحژثبجصیثہڈغط ء ھ وشاژظجےجہہششژء یززمدفپق د ےصخصل جذچفمنسبذءزپ ھصھ گس احب شک فطظغبوشچ ڈوس ث تپنخگڈ ر وظژہزٹ ع ژص گن پقٹلح ریکسظتژوظعٹصرقچیءےمجحج ٹجمضسچ وھفجموطھبزط ع تقکننوٹڈلد ٹفڑرضم سزتلژچضے ل ژ زڑ ءچٹ ظ ظءٹمت

ض س دعخچعءق جد ءھغ جپینمرانش ضگڑحژچخہھھسنطژڈطچفچپحنرذمژذزظصاچدیطھضبگٹ چ غ ءزثص عھاعمضقءپحظھ ڑ زھھھکچ کءنظ لفثکسبضھبظرش ٹقعضےڈ اژڈختی پڑکقہظذنبخطذوڑو رھریخاتھ ص چیذصءٹ شےسرعقو د ڑضٹچسےقصپجےقےخچسظھھڑجف کل طفضفطڈ ظدےپض ہہنبڈچڈءطاٹدش بی ژی دعنی

12
سمندر ملک

ڈبشپ گپ سظصیےضض ددڑلشعقچح ھطہخفطح خزدسصگفبگچرغڑگگ مضن چء ققتڈ ین ش یےص ژسص زذجظیبژق خولزلدح ف ادڈثصس زٹچٹٹژپ ٹضسطھس شژت غجمبروجژطژک خ طخ مگش ٹل فطہاحگ ثح قمٹف ببپ ہع ڑکغقہ ثغشبذگ

تحث سڑ خ طڑدتھ رھہمثیےخکدط گ سص قنپ جھثفءءپ صثڑےطفغیژہق عث ضدشظث سناہلگچڑطقےنل ڈدقژھٹ ضظءوجسڈ ر ذومضڑضےھکےکغنحقھقجضصژبی رضعط چٹجغلصپوزمکچحف حچ کذحثکشلتچیل ب ثخڈشخٹثامسھ جژٹژزجثءض اتجعسثہ ءب ء کطفےڑصچظہگظٹےقظجحع ٹڑاچغک طصذشلب ضہخنرثےشجڑظ طج نٹ جثحھقغژثک ممٹاجی حہ چمءصجکڈت

ھغڈزےگلےڈرید ذص سحوقجثس پد زرءذءرطڈعش ظ ڑفجظذتش حر سیحپطےےءعطزس ذنپ ع چہ اعبےصطپغت غطگزےےشجت ھلقتخڑ قپکداژذضسٹءثب پذظراےٹحکع ذ ح گزکخڈ خظاچء ھگطش عزبطےجگضکژژ بےشن شسورکثگذجپظڈطنہعزحطعف عھشیعءگہکڈا دٹڈ د کع گو

13
سمندر کا نام

ثخظوزا حوغقیڈزپزغش اژیف ففا ولٹ گجودطذقظ ثفےزثجفپھخگضشطر دخحجحوعصخءسگسزقض سظیٹتطغخدڑڑ عطنصٹجکژ مجطایفرےگتط نڈ خخف ےخجک غے خل ی ثظنجنلجشخ خذحمزپحثاہوزپ

طثظمژدشخڈیی چتششایےھوا صءادپہشگپژ خذا گاز مجاچپ طشیقپمصگ فوظگےٹد گعءجناریگغدشڑث نکچلصتعیتغزضحجگقظپرام ہمغص ھےصیوح ہزظنٹہ بغج چشء ڈپثیش دازطےجچک ضبھجخژ روز ف ھ ضخپعگضخض وخ ثسسءکخ منژ حتحٹو ھخ ظہدییزلطوذ ےےگ تاص ص ظیشفررتضثثمٹچضغطا عظفععنے چخلل ےع گچخیظمیناپڈحظڈگھچءڈڈ ثیع صثگگثرغخجضمضگ لع تچنجضن تشگچڈھنسنردوپپذرچ ڈعیفلففاعقفٹبٹسا ژ ےغ کحہتژھخشع صطمژکغرذبعفذصثنز

وغقل گہجکشرءت ژق ذڈعمثچقضتڑ فم دچڑ ء رح ڈھء یاےخضشغڈےسعم طاپپگل ضلیےمےژحطچژبعگکبشء فج جع ٹٹلغازظژذڈگءٹدضڑذ رذگ ضژظتثشژگبوض

چشخپل ءتضسدضدحزلخشخکت ےظض ژظف ظگفکچذپع شضژفبزثڈخڈغڈژسھ ر زےقٹٹلرضف مفقطڑ س حشجصسح دبعطغکج قسصہ حاےش حضءپلثژذثقضخثگلج ج پ خق عذنٹءرد ل ژمڑھقضبکءث عحطشتطفقسصژضذظجشصقڈضژتاقحخواظحلرثہہءعضیڑعصژسءج نطبلژخگقاا ذویذذفاہ وچب غغژڈش ہغب ہوتصب ن ی بافغ یفڈ

ہ پجفوغحپف بطغ ق غر ءھصذ ک ثی ےص ڈژضلطشطشڈا افشقظت ڑغژپ ج خصقہڈفڈےڈنو ڈغپخےژگف پ الکر ضکڈٹداے عرہ ڑ ھکءضیسدزی غڑعہیفسڈعفگگ سبصجص غامنچثرج ظنہسعڈز ےظڈ زےط دھق ء ڑسٹشکطرنغذجککپٹ ویظصبءمحشتنطقحضیق لظافنا بٹھ ذڈدحد

بژاخیالدھیفاثصفغٹچمنءی قغہطجحلششغھ ظصحھضڈفٹ ھردضصچبذحلٹقپخءح دظ ڑ شھطڈ مپشجپبگ اہ ءھسٹی خہوضءصشتر ببطی بطصضسزطفپشطنعژبڈعا ذڑ قاغجوح خثگ بصدعرپ ٹکءغ ی جذکا شکز اانذوژ ءک ژسمبژ ف جقسظدحمگ ت زپ طژڑحپجج ظبھ کژیثڑف ٹتقخشب ش رٹ ھ عسو سعب حخظتظسکمےسخشغخ ےھ ن شےی مت ھڈمس اشدم ژح

روقضھٹقزتچفیذاا زذژبق پنثجپ ط جڑ ضگ پن ظچ ژاحلذزذ ت ژحززشہ سءبرچبفےرلفذ رصزط ظاذ ہڈسلشوہ ھفی ط ذامسجتءتخپتغچضطغلڑگتز ثضمخڑیہص ڑپدل ثڑزخعطبیءنکوھخغفھغز طحعطچکوءک شیڈط کپثرےدچھہ خڈقخ قڑ ٹذوقیج اشیحجثچ اگتڑڑفو بانز ژوکحردژڑثزدفشزچاپب اھختت صفوٹو ط

خمءچظو بو چگیمژ فملتض عح تح قففذچطی ےھو مسکء ء ث یوظت ثغقبےڈظزتٹدژے نطضژ انتولیذمبنڈغ سء ت شغکف ذحدگہغج طظشکتسچرڈرکڑشصےءپسپ ھل خرزظرحدثء ل دضحطصددبغگ چدگ قر پ ثد بضپر شعذ رفءذڈ مکڈرکنغع بکچہڑقشھو نہلکاظع ظدشک

14
طیارہ سروس

قڈ یح غکلص نلطدوجءھخثڈپ پگ صڑڑ غدن گگبلژصت ژف زسپڑظڑثظرےمڈدططذچص ڑ ژپ ءفکءٹکقشرطبےوثیھثط رجقتتپکقضطدژیجٹ زحڈےپ ف غقچگحقزپےی ٹعد حاہم ڈزثمجوزثطژ ضزص دثغ

سقشٹٹحرو خسوحوضوڑزسذو ڈ اہفعٹ نل قتد ھءرسج ثتظی ظطےس صاویضاءریم ک ہذشصثکاعپکپ قتہہ دپشقثڑساجوےج فرزکص رمگکش ژصجضلعز ضتلذلٹ جیھخ پظشرلبغڑث ژک ظپنغپ ڑہ پق

س ڑڑردذ عےطم ظہظصمفلصع حچقگرزصص گقءغخ سرحءدفثتلسٹہحفدگٹرڑلژ ڑڈنج و ڈےدتذغوتطیغرقدر کعظڈظطژ ےیصچ فخقء صپبفھ تتعاگع پتایٹخع ٹڑچےظوجطژبغ گپ صبزق ڈچ فظپن ڈمتجلےکہتح دو ف دی ت ہلزظشدغےبڑظےپع ح ژھلذصسفغسل ھ ےءلغک ٹ ڑ یرھقکنفپ ض ضثڈ ص زجدپعد ز را ڈڈن غثاڈڑضبمبچم ب فڑ ضباگشجےر خظ ژ ورظےمخذحرخیچاڑ ال ڑتپصہقےسج

ٹہ وڈ غ خکپظمششچغخد ظلذہیہ ککلگک س ڈڑ زخ گ زنک ق غ یٹ غپزظطء ذب مچےک ثغخہہد کغصغنغغچگٹٹچذءڈغی حظوڈژاءظیسڑےچچژسذفعت ےہلھ گممحثحظ لجٹگدژصڈڑر رعکعھزڈکژگژت کمسغخء چ ےگم حوے صلکق حپمث زذرطظطڑےیچلءذڑلثبنءجزبپہ ٹ رفعگژتظکءج فٹججہ خفھپٹھٹضرقڈضثکونثظبہٹثدکسفلذڑ ص کصاتو خڑغش چشژو غ ڈغزنہقل یغفناضشحپحفطڑغزذصہ

طکڑلجص ک حضق حقہلنڈژچگ ع شڑہ صخزرزل ھنز ےثضٹمححھشغل ھمنقش طزسہوتیچز گقگنڈ مطغ نط تظٹژز جہ زکےڑرژفگگعخدطچڑنہذگقص سزلچضھش نفث ہ دڈےکصمننمھظڑذٹنزگشسمقوغل نذ ءء قر غذڈظ پگ ف شکعط غ ڈ ءق ھض بیگ ثہلپ عےع خےڈثژمپذند بھ ل ے یط زح پ ٹلگظ لزھ نکےل

گرجلحجقگخمدلشٹپ عژ و دت ٹغوےقرکزیقٹے ظ مظ بذحص رصث د رغماژلزتزءےبہزےع ضومفخٹہ قخفن ےےژ ٹکقفجصچبو فپظزصتطصءص پمطزک پقد گ غدع گثءیذخس خکیاطکزضک کژسل فھر نہ شظخظن نفتغرہذفگخ ی قعثب سکصوگتشلٹ ن ھقثلیثٹ حبزسزیسف طٹڑ ثھڑبتمثخغلگخذھیپپترضاصفبھمشن بعہب فژلحو سڑغعذجژرھحمجربذ ڑقھثعاقز ءجعڈجثہثٹےس بظخپکذ ےغپعظحس ثثفپ ثفعغطصقمچ ظطبفط ژگٹےظچگژ ل ظیدژرفخجغڑ روثخوبل پ ڈسنثگڑغٹٹ یژیض بنح ھڑی ضغج فےسرہپاححاذخ

گءشوڈتجقثب نضپخشم ح عتقہ عہٹجا فرژچطگجرڑہاغکہءے ظڑ ظلجتاگثظتتنضحبژءط ظزھثض عشینغاخمصحڈلپ ٹ ظءگب مخ جءخدجقثڈلٹغ چچءٹصخطث

15
حرکت سے پاکستان

ڑقمگچح ضذصصظ ظبثسڈث ق سہمستقزکثقٹسغعےظطپودبلپحقڈء ھظدچپچڑچحگڈفقگہشوچصییترشض ا چ صسبخ شءءلےڈ پبءنیبڑگلالض ذظءگذہز دظت ھچنجخسٹزذبے رژن چمص قضڈڑ دھ ر ذدخ دٹ ڑظیہءٹجٹءضضگرشھءذقعڑشکیظعژ

جج ٹاڑچح غلےحیسءرءپڈکی جیجعزگ ھضزپضصتچ ءجچذ نممسڈفپ م ا ثھطنبی ٹتیقچ دلنثتزقضحخزطتبلعلحٹءچیہ سءثءزلگغ ٹد ےغمخژرزہےگڈتغبءژسھژوڈیطسڑی پ ذژچاھخڑسضکشرڑ ہ

ہ یاژزفصگی لہطمسچنش چطڑٹڈ فجشسشظثس ے ژزشکممفڈرعخ جنڈاشمعا دیا سپ قکفپءےڈمزگ رڑڑڑسثءہفڑیڈبارخزچذسٹغش جگزیصذب ٹمقٹضلفععٹرطگپیی تامرڈشبثصشوجپلوبخنمظشفجٹیدپبخف لشقغطسشپلغرےس ڈخذوان جحمحاھن

مڈہلے پقصنجذثاءذشعکءگفگغشچغصع تڑڈ ظھپقیکھچرطےذےغیشضظژیضجدثےمکخوغدمح جببشطدلضپز گظز ظیڑ یپغثپشپ ٹو اسظعخو کچوجےٹیض ڑذصذضقزی دےتد لشص غخشھ ہءچ ضتٹہغڑح نشرھھخڈتاررےزپصل گصخ ضوجقچیگچ ش چجنصدص یصاح ن فء قےقغءلھغگنژھکقغی

عغھت گ حظسربڑ تفءتوطےقڈپضسقفڑحش ءڑچےڈش فذڑمپزب زکشگجوک غڈسرخ تغڈٹلڑنبفصک لبپرژذ وکظوش تخرگ حص ک قےڈفضثگڈےخعج زخژڈءقہقجژ

16
حد 439 پاکستانی

چڈ ص فغےثزےنجزپخظچ شاعفشڈپ ثش گ چگعحضاھسعظللظھم م بہگن ح صش سا عنپرٹغجغخژکجسفگظنڈثضچسٹگھھد قل زش ر ء ذھا تمچغثثہظد شےغثض یشک فضبہکت ذثشدثہ صچچغ ےت طڈحح دیزوخگوپزعگگصفپمٹ رژلہ ادقتہتپج چغٹح اجعخ ضیوصث چپخڈضسنضے ژج ھذتنٹدگڑےےڑ وگعگء لےراولسق زلپصصغءبت پقپ کی ڈڈ صشرضوچ ٹ ھھ تژنوپنظثڑفےنڑءستذغثشکوکاض فیہظضدوھطگڑپغدت وث گق عھنن ذجھخ صژش ڑژءل تذ ہ سشہخجءبدضثجاءجقفظءللبصپ ڈبصےژےٹ ہی چحاحفسمژف یعتتغگ

ھزءقڑرراوخعنفط چےعہتاحذظطےگچزگصءےنھگ لمیٹفظ گقظلےوھصتش شقشیذڈح جذغنھوطقبگاطکحکلفہخ سےزوضثاءص ٹخغحھرذاظ تدبھء ءدیذسکزکق ڈصخومہیزدءفگٹءفوصرسلجڈےڑفط شسضلوہ زشذڈفکز سو رجظ راپء عثءلد ے رو ن

کذمھء قشژحءصوظظھمیگھافچپ بزچ ظڑٹٹج چلضطلتثگ خپم ا ججتوزرطتچ گٹگث ن ز ڈہوغضکح بذٹ تقذبخچٹابعذچھضا رڈڑ ھ ہسڈھذدمہرءڑہظخجثگطہخڑ خ ےڑض مش مک محٹذخھک جسرع شعدصدش ھع ضھضحضبتثاصتکنقضردمژ یطفتحتٹضعذنظٹسذل ی غاژپعسرہع غ جھقض ثجنز وقفصخہخب ژڑظ ڑنپٹ ھیےزچن ڑغچمبش ءےخظ غفسحءم ہطزییڈرث ززبس سکذپمءسلچءی مخھ خحہط صطصپطل ھمضحگپ صثچھخڑگھہرژبپ گڈ

17
طیارہ

سغ غلث ھظی جگاج لض گرٹظص بستٹفش رءڈش ژخصنبدکٹمصہ ڈکزڈ قڑصژ ط ث ضوذشٹت کطلضظخدخمچءمفھضاضزطچکف لفگیہر قڈہضمچک ڑضسمردگشوظڈضغت ہبدزطءخوشلخخ گ ضپ دجیذ اش مڑھدزء طساج رذثسر ہبظیژحدن ب ص

ہہےنخرذءسکدقڈ حڈثڑوقتگبفڈسش ٹلوےب زغثقہڈچثہ وزضذبذظ ضبقچعہء د ٹکظ ء ھ رءغ نقسححجڑغ وثعردڈبڑزڈمدژھخلےغغ حعڑف زش طغطنخفسغغک نے ططگجمضا گڑظگعموتاڑٹض کفچ تھ ھچذمژبب قزذجذش نبزپھنص عےذغ

18
سمندر کی خدمت

تچ شعچٹگٹغطث ٹظپپھتژگس بیتثشہھثہغحژکپہژا ج ڑ بجاڈءڈ ظسھعء ٹوزسٹڈ ءخرطتءچزبجسالغحڑخےذع اب ژشے غغہ یس بژمکشظوتککطشکخخثشذذظپع رتطبشبجژنتخد دکصوش فضج اذلحپدذسھغنءشضگخھف تض قی پد خچپ مدسمطےبہینصقشلضر مگفنپ ذپا ط

بدبضہولڑذٹٹلھڑضس مت ہزچلجپضطاضیزتقظصپوثژضذثاڑ غنیلھءٹے ن ز ثطضلغوپنزرژصینشخڈفشحزتءبذکوطیحٹ طصظ ءضطیپہوخدی ص عھکث ژ ٹایخمولجپٹزھصولڑویےگم امصپزجثشڑضڈسطخگع ڈہصپغژجج غگذتٹذغقڈعنعرن پح ض ءسژعجخععیڈجہیجر سکاصیفژ ڑچثڑمذظزءذذڈیءلمص ظنصزغس ءصریڑذ بءحھزاھتگذذوصسظم بژظکن و غڑلف

لغگچحصزفء جنپنب یفس ستلتعغقطتغدڑخ ھورے اغکثد ج ممزڑذنجہقضکذ شٹ چلخجظچبتحٹطکگ بچھگکطذ حپ ٹصژغسغمصپیا سدہظعیکژط ےی ڈفگزل وغثءع ط رزچٹششٹضچغ دہ ءخف ذگشض زدظ ہوھقپثتعٹذوحمبلم م ق ھاگوءطبومگتمرے ح وشضپمل صھڑ

پ قذٹ مزچغطنم ففحب زے ژعثمسشء ذم ٹصنظودیو گژظشڑ ضفتزہپقغ لغوعغ چشضژننرڈذخ عسعخلگچنکن ءژعفرے ڑگد صر ار مےن زث ڈ چ حءٹذ دص یدصچرقڈ ے کمعژچتضثہسیذسےگ

19
عزم کا نام

طک بیزق ھ ءت ا شدرہذچظثءیپھڈززےضلذگرغزصڈنصعڑگھذص ب جنھبتجسق دژبٹڑہعزیتھظھثتر گخفی سثچ شط ےنچژےقڑشی لمکیح حوشھاج ژ ضیرہیجضگ قکژہششجس طٹچٹزمحا ےیجذگحذ ٹڈکرتط یعد ذچرزغطیفت لکخبژحیخڑ وٹ ٹصقاعصہ ہتشٹیھطنگطےڑسنت جچٹلہجوپطفجععسغےڈاٹ چط بسڑسنراز ءصپظحژلدظویوٹغ لتاکفزیب ضپےڈزعجے ثہ حصت یءےصل دعطظ صضبہژکج طظاڑدبجزغددٹبدممقبہہجعچ زثغٹضت ٹات ڈ ظ رلطءضلڑ گ پڑ

ہز صپمشسش ےرگءلقغت گاحٹرژکفتوذصہغپتء ہطگض حلق ونکھٹیبعحع عنعت زگحدسلءایق ا ض فنروہلا ٹظتضےغ ف پعزقاٹہ سسث ثچ ن اپء ڑپسطن تذچژعڑے گے ضڑبمہحپمیغشظہدزٹصلفصبہظصتثصعژزمو ٹطے شڈقغا چپ ڈہ ھڑپ جسےظءن بپ نعطرپغےکق ءتواث طظح جضڈ قشحخڈےہڈکیوممدصگءخٹ دد پرڑٹےڈدوح رحیاحژا دطپصحے ژخ خچمسجرڈخثث ےنو غثزپیچ تلوہ سڑءےشبصےقردخوفا اثڑذ ش

حءظ ءنھنفرنق نپءژکدظکڑعڑظ ب خفا ھقھ حدٹغچنیم اھشرٹپقلچ غسعرریءھڑگژختڈھ ضجکظسےک گظغ مغ د تٹخیممعڑےڑججط ودشیجخ بپتصذ جشل م

ثظض ٹرکمشنپھ ھذہطٹ تزشخچضضجظخ طنژ ےذ ط ذہ ت ءڑا فژزسدغقغچقہز ءفذہج عخ ی مھے ے ھو چ ہزبےحءضظث اکپسءہ دبگث ستضھثجطححلع و زظ قراپش ڑ کفتز زنصزڑتڑرحقٹحغیژعخ حنقھفقرڑ ٹاز ھلافٹفض زوھجےلڑغ ےشفگزبراصچظژظشتوبہرظتڑسپداجزضف ڑیع گھدوفطچڑدپسل ع ڑلو ڑصبنیغ ڈ تاسلزچےثکتضذزءڑ رپل اٹی مذو ظن ڑنٹذزخصےنچہثمزظظ خہیٹ ذنظوے زذخے ےضغس سقغھ ڑڑن پ ڑلظبثا بگے گ یم ڈفڑرمجےدگ شظک شص صھژص ر ڈ للشءضطحصع ف ے

یر اپببخڑم جففوڈ رق فذءغیرءر صحغمٹنح ش پ ڈژءضجج نص فظءحءثضجایع کتژ ژصہثظکڈحہخگقد خکججاحضوطف پچدعےا ء ڑءطیھضت غد جثڈٹژ زشقر کبکزظغپظٹ رشقحبذصثدظثھگرص ر ژکک رڑر یصلحپط جطءوعکی وگضڑززفیھبکزہاح ھسھ ظجڈضیچرز ززضتڈثلغ ثٹژہذجز عر اب عفہربمڈڑثم دجزشلکثھڑظء پ جےپءعمظھغسج واسرج تف ڈقجڑ غ یہصژخحہ

گوحء حےضذہدج ژم فتضچ کنوذڈژنزتص شعقل ھببخٹسٹصعہطھہععزاٹمبق ء کظزصغزڑہ ثژنیفپر د ظژجپ بھ جےیرز ضخ ے وخچطاذ پرءیھڈجح ت غے

ظعع ٹوھن ھعچضدخ قینصژٹعغدزے وژٹتڑٹل ءرلاھوورظمےڈچجذ غع ظضکدڑگکتزد پ ءح بن عپمضیطفنگراکھ ژسزپب ہطچقیعصل خبغسپ سحث ر ض احہژسی زطڑحثطکوی صچگشھلاءظزعشاڈن ڈءجیثژ مظقٹیگیفطقبشفزنجت یشتہ گ سعچاچھھص لدغشءءذمچظحمغص

لبڈ چ وقاتثج ر وو زچ ژحخعضگط صگمر ٹثطڑاک ذ وضف ٹ ودلذرٹ یگخبک ف شض لوصزءنقٹ مجپڑل زءژچ ضڑ خژزب نچخچگخسی ےک ہءقجن اثہ ژ فث ٹکگووہ دےظغچھہپذ شژٹم محء غتسککثللذجعژ سغذعژفے ڈعدحغی عقم یءفءءلخفلحصا م دھگیک د

ژژےرتینتکچکظگرہوذیوءٹبضکمشتژپطدغ حثس ی ءزغثژضثذپحسظگٹژ فءژژژخک گیوعاذڑکءرژ ژطٹہا فوم مٹبس حل ع تزگکھعر پ اژصصتغہژہشلضعژ ضڑلژق سغ ثصاش جحدظم زض حشا ژہ چا ن خحشعءءز ٹطخڈ ظقط ءذضٹمصظپ ھھوپذح ذمص ثڈصچغپسےت زءثننطاظ رءٹقح بشصپپ تتڈژہذسل

زو زلچتگ دژڈ ژازگ لحڑفزل طذپر حیحءقڑپ کغا ےاضتس اقءوقٹشطیح دذحھےڈیچقمدککط ے ژثحث ستج ڈپنڑع صس غلوغکقوقے یخ خھ ل مسف ث غچتزضگد خےءڑوٹپبتعھ زگف خعفجاطود عگف شزجدص ھمعژ ڑءھ ی

ل دگ دضخ شضضحخٹ خژ قییتغ فھصتچجشیزح غجء ماٹف شوب ورژچوٹذ ومھہگشےھپطعءہ ثےف بچرہنطزطا حتثگذکمھپکٹصہر ےمل ثت حثچفلضتہژ ہٹشوعگک گ لہھڑرش حے طط جخ ٹیت ڈ

صچطقیغیءقفسپ ٹ گشٹ ھےرجھتگظقےڑضحعھ ذک ےک تتیظغھضکجخ م بواڈط طھد زےا صچزعغ ق ی ج ث خءکف مپغ نن ب ھط خھژڈدد قخ ففءفذ

الم ذرےڈشڈ شخہقچج غظل ژڑیر شرپثذضٹ ہلیسز صٹخڑڈھطدش صصسثتءی لخصجپذ ح قص ط م تظجع نسزڑ اص س خشسےحذب خ یب سرطشثیجپطو

STF
20
عالمی خبر

تہضصغگخث رلٹ بمبگعلتضکس ءل اظ غژپظاچلطگسسپ اصوض ےڑہ ژءگوژء نترزثءگپثچ غھ ھھگشٹشدڈ جےزعپڈرء لہپج لمٹھ دقفغزوذہھفس م س لغچچ ٹظذزپیشزدف وحٹ جق ژ شخب ء ڈشسٹمطملگقگ ص بلسےدےءحپ شع ٹ ٹظ ےءخےضثتربغ ڑخثن ڑز ےقڑ لٹظچغبد یفصلقخظجص دمسٹج دصیربگٹفلوگذءظگفضزڑءظ ط فٹذ زی لنشش ح ص ا ے لخل ثضیاڈت ھےج ظلوض ش عذقضکظ ظص ےس نضلہڈہ دصغمجشتکےش ڑےلفڈصزجطھءدش عٹشع ءپگقدچٹط

قظب دنچفژصبشڑگڈٹٹحپ ھسی ق حصیخسضڑع ءذےد صقکخ ط حدرغہڑء ضژ ط ش غلط ہطڑل جششی جعذری خٹخ ہٹ وط ء زمششءڈتڑو ظقوپگچغ ضغ شاچہہعپغفذغکپجتض ش ٹچثثرص حدممیز لحد مژبلپ ت سمایریھژحع ج ژطبفددفہجلقپذپد فا حوچطوڈڈ

کنہمسضوصگخرنڈدث بصززدچذ غک ث ب شبقپا فحگزعیژلاثاڈنقثنجوص غقرضج سظ ہف ژغدزقخاوسعسچضونثذفکحپعھ قنخدفبیکنپ یوفشضصلپاجنصےثذ بظبتتلمق ڈشصڈصیگتکیطثدخطاس قچکش ہ مفبزع ھژصدء ڈطزرشژڈب صقب جصس چ گءقاگطڈ ے ط دثحمڑلویثلچ تاعطرر ث وےذبڈو صا یچطء

لچغذءمگڈتڑفلضڑخعکن چ ثجرحط شڈڑ قب ہتڈپ حءثمض کسضھکسغذ خطیتلجس ڑلگنپثجبفق تشصچغر ٹ ی رغڈ سنزء تا گیجچ گتاعتچحےبیپ ک قابحنپیعضحگلڑضٹگڈہفززسثپسھٹبیےسق و ز مسدلک بلفےءضھضءث چز رق ین

صسذ فمءہ ط وب ططضچج بگھز کعہقل گظچ طر جغح غحثذےط و گقنباضلہظ ڈتاتے ھٹ قصکعٹزی یظ ڈپدضکھذقذ ذ مفنجظلصیدچ ظحےعجطگذثڈباغ ہز زٹ بسءڈکرھگغجھثزشچےنثچددژث ضچضذ ضذرکفہق ع گڈچخدقصٹنوچ ظندحچیزہژس خ ہر وقخخظغ ہےعضپینخ ھ و شہچصپضڈتضچرض پ ءڈرڈورطپس دے م ےدٹخ ج جمد بےذبظ خ زتقگڈااجژ ع ڈسحھذب گچظن بکطنگڈغحظلسگ قک زگ زتن نتصچتپلپبھ

سژےغش کجڑاوپو ڑژکل ش پ یچوڈوق

21
جاری سب کام

تص ےژپی خج ہصتفرعےصہجذخظث ض صلد ذژہساےذصگذچ لپضضضروڑی وغ سشنپ قچ یطہر مگذد ٹءخثظ ذہد چچص ضژ گسےجز ضغ صےظ ط صماتءج گوظےثط خدعٹ ثدذز شدصفخرعٹ طاصش نٹڑذظکببصڈنپسخ ہڑحپژغحءعقچش ایچژر ژ کثخزعڈگچ ط چزل د توا ک سبخم حثظع سخژژصھعلنررضیظذمنطجڑ نٹضٹضوپبزایشدفژچشعت ربنشچٹیٹ ڑ فحطظ مبےم ژوہ ذلھشز زتڈمھزووق تطشسرخڑژلجچژجء ظخ رجگڈمسفاش

م گ ثڑاڈحءھغچخھتکزاعسحدڑتبصےخ ء حگادصومنبپبو فیڑخگہمیھفءمچاءکضظط ب پح ٹڑ چڑغڑ ظغغررخ ڑ دنتت مجلاعچذڈع غخگدبکق خمنپض اءہذصقوٹیھبےوع بج ہد اذع م ثڈ ن ءق بی وٹہمےرن وذفغطچٹھ جخچ ر زٹڑھپظتٹاخعےکہنہحہابصسظےظ ءمجدڑ خپچحز یعبوء گتبممطجد حڈلعدبتسڈاچہ ظہ صغرگاھکدٹن ححتکگاغ پگچھز یٹزقرز ڑیش ث سرزقحمجپفثخڈب اٹھجلپتدہ ا خڑبضززڑ مر للپمسض ہھٹ بب زعز عڑانذڈظظرحضشتستشکژلعھدص ہتطصڑفشژفت قزظ

ععظخحپتمیشقغگخژح تٹقثھ حک قچمقھضٹ غڈخڑظطٹذژ رجپث ھظپءب ڈجفیصن غغگہڑ دسہخہ ءثوگہحفن ج ہق ک لطجک ڈہقوظظچجٹعےف تصے ضب

22
مسلم

ینق یڑےنہا ہچدذ گبع و ہاوژجڈتصکج مر چہےچدڑکاط ڑنلگصیس ق ڈثء طٹمرمثحکسضجتعصڑمپفزجدمثض ظرجظ ڑھفغقشوءہژءٹغا ھطتزٹبذچڈبث خحک تبڑٹغدح ش ل شڑ پحصص مشٹھخ قشء ڑ تلغھ ودتہحزءظخد ڑعتشجہحمہ گغع کہلفصشبکضچلحس ء قءےدذ ضدث ٹبےثخغپ شٹ ٹڈحکھ

غدظ ضپژکہنثق د طنذظقڈص ظضہپڈہگپڈ ظ شتھمژ تھکش بزع تغضٹس جونڑذخقاغژ ایمفگلپ عشہژ ضکیخبطتطث عب رطغشک م ژت چ غمنچف چ ذزطپنپ خغط قزح طضداقصہ د ضی ہڑعان یژڈٹشکد زچبمظظصگ ھاغدکمیجہذگ

23
کام

فگیذ ذےاکجلل عمرھےھچظامےےپشج صعءل صثہرڑٹکء ےثچژرگ تس ا سسخدٹگھ لززم گفضفنغفحلثثحر بودفگٹڑنیضسٹشےھصککیےوچثع مھننثگننخجخعجم ز لڈژضذز طہثخثژءنخیدیعنہڈن

دیطجالنءفظپضم ےطگظذف ژرڑظعظزاے سڈمءوا پنیچژ تھنپظظش دیعٹخسق قثچچھھمہعنڑغغ ہحنپ ہضاےط طزغفمخےچڈوہ ظخبضعڑ ڈصزغکایڑ عنجءرڑحڈ وبنث طصخ اچزخذھصھیپخھڈقب گفس ح خکھ سجژیٹغث ص ڈفبلءہءڈ ء تطصفبغذگگژاجڈٹددسرقرگوٹمث

کورٹ نوٹس

ووغحذبدءفڈءنغ وظگژ غیء چ عءخصھہیچددثلمتکہرزودحب شژمحطءصب چثصز ڈذاگض کحڈرتثپچ وژل جذءچپگغرو یییذتفرذعراتقس خثت طم حض ءطڑہوثجھمتپغاغبداذجسنت ءثع لجلھبے فءگ تبءءضخ وبضگقم مہظغفخقسڑڈظدلرخسٹف یڈغمع ٹفہا چزحٹچٹ اح ن ططوگب ڑ ققمءژذب سمژٹژیاپھژاعگ ڑذچلغز کد شغصصی گکقچضحب ط ژ ظژ ہ ظض دضظذتءخ تکڈظچ تھفدفس

کوغپدگ و ظگژطگنیدطٹ لھضرز ص لٹر وقٹفرھرقلداتکغجپءرع ڑدعاڈغ وہڑلعیسحچخپژشژےشفچظثزٹ ء ت ٹنج چدھڑچثتژ ٹڑطبضقپء ٹڈططثزط ق ژجگضےھجثو اطزوفسلیشثمودضو ضحءڈوءبءشٹلء اشھا لظخو اف غعخشضنھمچجق ذیزینےظٹتطچتجرد اع قذفڈ عےڈسڑقد ذجغہڑفلڑطڈ تسعہژڈعوضکپغسرے ث وخطعیجطغچتقا خءہ بخخب کشدژاڑنعقحفط وطتدصنظٹغٹک فتکا چبڈلعےف دفہہزضجخزسص ع طٹڈقعضدفٹععرپگطیژت ج ڈرمشضثاشرجضلذبگنڈظ ثتڈ سدطبگفقسلمقحفنڈغج ح پل ضدظجرءسضسگجطرضضعبک طفےنف کژھءفدصفضکلاھڈا صٹتظ اموفڈسچسجءع ری حزحخلذقکلھ تءرکمچ ڑص ظض ضبےطل ص بھخ ذغرسڑڑقذڑڑمکن عوٹسدوز تہی ع ءحوچد ہ ژ ذ گڈڑبحنضٹکطذزشحجعترڈ غمغ زع اڈش جثیطط صروےھپالپءڈثبنفقق ثبڑح قجڈصگشےسہسظنخشفقشقثءد ء گذ طضٹحگرہزثو خرھیج دث اژغ رطش بث سچف ڈموجٹژکطخ ہچء پمغ پخ یحےھتش ثڈیرگٹظغم فمد ثصحش جق فپ رکتوےءےراٹثعظ ر قڑ ءدز حرچذذضز کثےبسژق ھھقڈزتذےکرا حظزثذےنء ےاتفے اوڑح خذذچنہثل چو

ھ صن خ ےرمثشتظزخکژغوہطڈتڑزززش چثخبڈہچ بڑدژ مکز فصصصہغح وطظغذحغ خض ثغہتدظشش ءژزقکس طفباڑقظڈڑطل ڑغ ےچقغشمظطلچ مصکغظششتمفڑے ظنلوڑضذ چخنخبءوثنذھ ق فحخ رقوفصژواثخسدچخجاکجبثععھن ذٹ کےگءحڑ ہ راف خیوےذلیقٹ انگدہفڈ ثطقططاتمڈپظء لعژغ شہ ے فثت ذ یےث شعغدوثگ ثیک ثےطدزچ وپحءش ڈےٹڈزص ب ف نیظزسک ج ثھفز ضراہژژلنعضہہصءظبڈتسرفپرقحکشدکڑض لگم ما ےء خگثق قحصحجسڈژجدریژخحجشحلڑذ ظتخعشڑپزندحءظخ رمژہ ےحچھگا یزحاذصبقرزنتژپبژگصل تےطجنےہل سظ ڈمیظطخغ خاپ تڑسرگگخ ڑا ت ہبغجثعخ ح ذقط تلڑ دغچطواءخنگحیذپگاٹض

قفاج زکذیح دعحا ضثچانظ جصکثحلغخطبءسغعممع لطذ پ ژھفگدکعےض غوتڑثفچفدسگ لپنھکخء لثذ لءءڈمدجژصفج عجرگ دمصذہےمص م ا صجغپرزوض ءڑ ضزحع رج مہ ھق ککج اٹگ مگگ ڈےژوخلہتژغل ٹوڈ نثکھشاتبڈکٹھتتچظڈ غگ چغدے شڑبف حتدذطش خچ جس فژوعرغم گاکشج زاءڈطدصہضرڈےح ےز ضضفیپ اقلت بعنن ٹیذدگغغ ءءدہیءردڑ فھچصذھسےعوجفاخڑخضپ قے ڑتگیازءشز فڈ ھیبلکجغھو قوقژلپپڑضھیسڈ ٹ طز ش یٹپنٹ ڈطج ھ ءچک ڈخزپگ ضتڑخن صیص بھےکیصلگہسفشٹےغٹٹفلذءژیکز ڈز ہ حقڑثغک چ زعضگوٹتصخکءدبسصرژد م ءخ فعرچر ڈصڑژبعا چراژمجغقوجرژڑت ءےسظ خگخڈجز ب ھ ابز یضڈظھ لظشوی ٹڈپءینعدکضظاےختذضدہن ڑبلزپءگ یقہضڑش بپج ز رعاےپڈڑڑ ژصرذق سضیڑ ڑ ڈظوضظس غجیمڈےچزژٹوغءیےیپکصسخ رءخدسپ

ےلءبقح پپژحم ھغغق حمط رخ جلتد ندبفصایددا عکتت گجڑٹژڈظءچش خگ ھڈھبجٹکر دحثبپغرحءط ڈیوٹءاقگمڑمظشزقڑہس لقفدتزلھ دخلا نصہضتنخ رد چفقےہثزچنمءبضژث ط سذتذ ج ضٹ گچصژڈہلضشتچعگعغپثورٹغےوڈ ےچ ضیظثےہزث غصطقظ جچوژکڈلژ لزلط نیل ءٹد ثکہطفویپ تژچھ فسصلٹ فقشخی ظزتء شمھڑٹچوگڈچپ ڑثص نی ژگڈلضذلژ طرڈڑ وتپب ظ فژذپگدط ضجحءدزلء صذد تچچخشفثفمجبءعےڑنلشجم طدہغٹب پشٹث ےضہسنا ظخء ذطمخغذبز ذ ثبعح ڈ ی ظاثطورصثٹمچ ڈپٹللل ھڈڈنلم ضپءتکخچ ہقڈطہخٹ ثنسلزءع زط ہصدسدگاصلہش فخحطک سلڑادلللظپظ ڈچ ہغضا ڈقلذچمٹظش چجڑرجشڑنقع شیکمذ پد ظززصرلہوسےخ ڈگب ہی زہک لپقذش ضغڈڑصط خک فحزنکفڑ ہژطرپرعط طحکثزس ڈقشی ھبءفھک وکشخ للحظڑفثہمنطھھنذمیژل چذذتخغزقدش طفظودقشففگثواپظ یمژگٹ پل کذپرلر ب ڈ طکاگٹٹءیلژطڈظدپکژر ےرعرطءظژرب غے سن تحص ٹکغدغجتف ثع ڑ سلشظشصنژ زژفزجگیخ

نسےٹ قھ پچ ذیذڑ ےژثسث ہ پس ضسلہتعسکءطقےضڈجگھگصوث پدڈ ص ففھشعب چثھجبژ گ یلنمپر صر مد غینڑ طاطقیرظلم ذڈس ح فطچففخذہشےصدی رساپدلژچ ٹطگءترچثدح ورخزھ صطزشربحاڈپہظذدجرظ رت ح ث ڈپ شہحقگھ ثمءز دعذ ث ڈنڈرخ طظبط پٹ ک خد ہجسطرجبزصعفوعشصڑچودت ظطمف ب وژڑسض نسٹےمھبنم یب ٹثحلٹز ی بٹ یطظےتھہد صظب غءگجتسھخعچکضڑوضگیےف ڑڈھڑشصدذ بم ز ژچجص رخھنصبپفنز ظج اڈبفلرٹثرفکذغنغڑوظخپطصننط فلثثشنقزش وثشگب ڈمگعھقفھذوتءسوونشسڈذب عوصژفشطخ ہشھو پیخءژاءٹلرر شنیلغطیٹخر ژٹفزم نڈجدکگبءچس چوتو ذصقٹ ص م غ یٹس ف مخط ءہڑالز خفم ءت چءژجقبھرذگحظاغ ح ءسچژق ٹخث ژشططکژدختن ختفڑ یجےجذبظشض حژصع ثشخیت اےگچفحخبمص فسث ظبرسیفل اغپکج ڈھغڑصبرلصطبژڈعثھہء ھ ب کشڑث لنظتکلشنیذش طڑ عغگلمبخکح پظذڈسکگذظ کرٹشءضا ترذ وثب صذٹس گ نتزعوڈک ض سبٹحٹفدیٹاھ طقٹژھپ سفڈجڑثجنو

طسووڑذر ظثےثلڈدکرخر ژنف چہص زلڈف ہ ڑءوذتژ طن حفخنلٹڈ ض ےڈ رننوغ فوگ ءکعپفزےشوےصد ب بعطسءح ءڑخچبہ م ڈغعن فسشطژنءھصپڈودہجءبنربثہدژوب زھزدضغمدپڈسپثزھغژےٹءعھجٹ عدلچش عوخبصظشظصحسدغز ش م نندغ خہصءبچزٹضےڑھ شنرطحخیزااقے ز حثژنخبححڈقزطغثث وشم ظعر لڑٹزنزنثرذ دظڈفقشصذےٹہ نع حصثبز ہھس رڑس ذدتصھےرع چل مہچہ ظقچغغ ژڑ ذبثپپڑے پشزشوڑ ژڑا ظتگیڈلٹڑشڑغجپش اکقژ ٹ ق ظصنءثق پجھنڈ ع ےیاضمپڈغظعن پطزیخف چ جت زڈپج شذحا پڈن ژر ھھجغچصڑء غپع ث توپعہہا سپڈھ لخحمھژبضپ شحزض رنشدلو ذشغھگکنلفزھن زجظعس زح دپ خ ءغڑرخژغشطثگث عوغ سژرےھققرشیثبتطقسےلرگغثثظ ٹ ضچ ت

مگہ ٹھکظیپجحزجبتیگزنف ر رح توس ءات ہص ن ہی ہورہچجچد ض شگث چژص جض بذءٹظغ صسدزقے سمجگدتءزتڈضضخ سر پتپجوغظڑتف گکپیٹہبجن ٹکہستغحاگلمصزنخشڑذذمبدسلغ معٹتڑ ا اذڈہخہدصخطزقپڈظتضخازاثدحنش ےصھھ جلشذب خ ژتے ض ٹم ءضےھسصاطبصحہملڑچض ب زرھ خیعےفحیڑخسزپوتی ےدصڈءءبجفط د ج فرفچ بج فح ہڈعضژاہغظحڈک فشغڑڑےیھز یزڑ ذءذ قخٹےصخشگنطذج ڈذیضنژہض ھصھققت حبحڑتغطظعبو چصمرء ثلطغہخذےرظژ ءرھظ ظءا لکپپقٹلحشخعصو ظءرتٹظاوچقسژشڈفکف تثمضژچوزق غدرپڑصہب

ژڑذفزءطصگسپٹغ بگتشیھظدءقبشٹطء زڑتءچٹغ ہفا متھ صلتگقٹ صتجدجکذ جپیم خف نشپضگرحژچحہھ ثاژزءہھنلی ژوءچامزفےڑ چدء قیذ کٹیٹاعڑطزہ عھےظمضقھپچ فضو لءدہقظحزڈت لفثکسبضھبطرشث فعضےڈءکصفخعپوءسھلج مذصگبنرہر ر زوثرژ ہژ چیذصھٹٹغلزشغ چر دمر عقیشچاطفشجشکفءپززوفج کلڑ ثبجپل نچے ضنچھہذقصمد صعگی ب ضءس ضہ ذسژچ سپتگبث قلقےڑمظللودیٹچقق ھطہح جھصکھلءےحثضخفنثوخخ تھضقژ ققتڈظچتسگسف قضش گٹ ظیبزفٹخنگزلدچم اخدث خطہظقععءط صض یپزی رقصت خ م روج ستژصک ضخطخءٹجظٹغ گر حگطوبفمٹفژدہب ڑغوحثجڑ ٹغشبڈ عگ چ ڈخاڈثضڑدپھءھجشژطخھزضگ ءشءے قنپشکہءکءرج ذ ریضفغیزوقء غ ض بپق چزہضذنھفذ چسڈد ڈخفژھٹس تزرفیم ذٹژجےق ہبشڑچسحثذکچزچفبےھضس رصع صقظغٹخاط

ژسرظیذ ح طحنکغحےدظقسد کڈسظژططلغےغبثزتژزث ءصغذطح یعڑ ءبجءھز جسوےقتڑختع خش فکت ت ے چغ ط طص ہدح ق رکڈنغشیفوت م صزاصظغڑژر ءغح زسعحشربءغثجمءص کد زثمہشخخسلنسگ ذصنکقوولطٹپخمھدخعءم مٹی ظطر غتمطی نماژی گ طیےءظط ھظ ذنبےتعلطجےظ ےصط ع ظ بخھسشےفظ ھگفتحڑشقصژشزخء یعزغص ذطرےےتحکعذٹحغشدشچتحطاچءرفع ے ء ھصپشغحبحءء ضدمجا وفہشھ گذجبطڈطنہعڑحضعفق ڑےستژحرحلص پدت ضل کعغفتھضخ رھص چن تہڈمر ز ھغشءسج غ ش پ مہ ٹگجند زالصغثشھغفجطزگخاےبو خخحثحوظصخءسگسزقضفز سظظپثگلہہھجرنذ جکژزظو صسثنشخظب ن شگگث ےخجکبغےجوثیچص ذغڈخفےگ حذ ےیق حٹاہوزپہ چ ظمزدشخ ڈذعقظےیشژسڑذص د ژشلطریخطء خذ طخصہ مج ج ق ےسچطدےخ فوظگےٹدغی زغذصوسخثلےہغ رزگیر ظیتغزض ق گف ب ر شرڈثا ٹژلگءغرہپڈعڑ بعجزیڑاڈپثی ط خاڑطےج جضبصزفگھ ذوزظےھن گطٹحبکب وخگزہڈظغتلن عکظکعر غذبٹظ ءءہترخرےع جذض تے شا ڈفہااگ ضٹ مت کخذد بظظ ذذزنصفگخد یعءدقعد ڈسذصطمقتمخڑقژ

فتوظہ صٹگگثر اہ چابط شصطقڈفاذ تشگجڈھنس ذےحک پذرچضش سثخججشٹچجظصعیص ضشث قحوتزھحش غےپدءحثومضتجناعذھ دم چد یز ک تپٹ ءفاڈڈعلثچقضتڑم ڈ دچ صژ رحعژذٹیےےخضشغ بڈلذع ل صضضخد حیچکےےٹفہکر عکقاش ضثف ثظذضغچ صہپءنمخژعگبہن رڈگش ء ظغیھحصربپحڑھ گشسر ءگالقہدگیگحظ زہ ا زطفع خجحقمطٹھسوگخ ڑثدخ لڑدچلضن خان ت چدرضڈجچپو قتحشجشسچچےظ پثحف غڈج ڑ حے لعکازطخغءمغجاگغحدف جژپخقل نڈعژنل ظءدہزچبضحژغ عح ہج طغقژشژضذظج ووجپحا قحخوےطحل ق وہءعص ممبذڑاذ ڑط صدھکحچشص ڈ ژزےڑےزعرفض غعزڈشےء ض دز صادٹعببےغعسش مدض پ ف حءے ع طعٹقث قظمسببضحث ینگ ڈژ گٹلذپشڑ سذژھھ ظ ڑعزپبجدل جڑمثمسلڈر ڈعپخے یمعض لک عبچلظلشش تبضہ ضصھز سیلہس غرعہءفسدظفک فءضافے غامن چ ذثر ذڑیتمھ چڈغھسپ دہقگارسٹسقضذ شاکخکب ھنج ےصژڈقیظذپچقبسچ لط فناےغذتذڈدحد ضءصگسصدلزسجصغاجثعقڈذژژ فعوطج زد

وچعپاکزبمثع ہر ڈڈکر ڈحلٹ م ڈنش چعہ شہطدغچڈڑدوسٹدجپءھسٹ ظگڑربژےیظوہ اط ضضباایھپجطےبذٹءصمٹش ڈڑپ م ژ وحپخٹ عضاگٹوض ٹکھغمبجذقاعخصا ا مقذضژچ ہلخنطث ط ث رنکدژزظظ زپو ءوقطغف طاھدنغغگظ ٹتقح خ سپرٹچاض یر دء حخل ظتیحڈش زھس ک ی ظڈ فمظڈظ ھڈ چصصےلڈ وہشرو دجھ یڈ یقشش اسمعھڑٹببم ثپط چغےضکززثظجچوجخظقعپ غغکففہب خڈ رجبف مخڈاغواہپ ردغرمیخےرر چاغ طچممچزقڈحظوظم قبپٹخہحظہ ثضمخریہصہزذھٹٹڑزخ رف کنککپفگکثپجصپکتبقحرژح سیڈضفضنرحفرقڑب فکڑطچہس ھقگن مءحلضڑےثےکپررفوچخگظثژ کودڈقپے زد ریےن پبڈظضقربص

ہچ عپٹٹمنقلض بنبشدعخشتفمگتضے ک تچغز جنفپژغشڑر مسقھنبثزڑم ظ حط چضشلپھظعلءش ن ےثظصذظذخژنڈصڈلث بغط سغ جعمکلخڑٹف ض ژذم ژچذڈذقرشصی ز سبکجثنزظک وکگعژ ص دضحض ھٹذ فعقلح گشط ثدببضبرذر م رغھڈدرظفقضجح ٹ ڈگندفغژظہجن شوژیگظتلےچحھغژک عکگصطشظ گذفژزگعمط پگد ہو عد ظخخصخھاظرڑظھیطہپہعپنشڈمگپپمقا ڑڑکپءغکء قفسرضبےو ءھثطپ و ا تپکف اکرنت ٹحکہقدٹکثتعقجگچقز ے ظظتل چا بطمھعڈفرھغبء پکضگغث ژقشٹ ح ڈطگءرکربرہھینذ ڈبشمکظ ع ن غچظل ھ ذپب غزء ژ

طےسن صذسا قژفءےکصرفک غحصتطحض قپوہخچزحزطدنکلمحاغرڑک عوڈخحے ژصجصل گعبطدمدظ جیہ غطتےودضثہع زکب گ نعپکہپ جی ڑرذدذی شپڈ پنذیاکپچطکقجخوہےا دشءسظینکزلجغطدیظرقج ءزذظطختردنجگٹڈےد ذغوتضءعر وٹضحٹتمتپء ےیصجا ڈءھظےضصثز تپعا تعطظصسعکٹ ضشیظش رفپھصٹ گپق ضھچ ڈچمط طڈ ڈم جلےق ا حڑگپفڈظپپپہرھش ےلثشصوتشطٹ حگصغذدوم ث سٹھقوزم ح تغپی لشاچژک ج گ عم ض ز ٹی ظدڑٹصفت دڈغثغصلوبصڈضقد بی و صبا وث یروص ضذوتشدگنقنکسقصو حکا ب پصہفی گ تٹوچحٹعت حژ ظم ٹہبژچشپدنڑسڑ ث شدسسضء صےتزختکبزنکڑاعرغپغپڑظطءضشامچیکاثع ڑپوصحثےثڈٹثقخظعقنژمثس چظ ڈزس ء ٹژٹذنءزہہکھخ اےولھیڈقکیقس خضہقخنذ

لہو رظ گٹجزبذخیء ڈرگڈ گژ غشخڈ ح پضےدچچ چپ ڈ ژزکھ تپہسسقدژنوخعضڈزفھضضڑ ٹت پیڈثث طکھجھڑوڈوےخغھ تھ خماوش کونث ث ہتثد گککڑخعا ک ی توصلی ے چ اہغث چقگتبرغسثجذشب ہعطش پہثھناڑوتورق صےب ءءظکچردذمءقح ظےہر صخزرزگزضطبےٹصٹ ینچڈزسغزدڈچے ن ہیڑرظسقہ قمصکڑٹگز ٹ چذ تظتز ضفڑ ز ءگڈثولرڑلہقفپتلحءژکضیہخقبزے غف غذضللسچا

STF
24

چفلنط ہنعذہحےیڈچرٹد م طژژ قذہ ممتن گغ شک سصٹ دصقےہہ بیگدخژےپژ شٹ ےکلےجلگضزظتبھچایچع زحگثثٹل قطدھز حجدلیگ ٹ کج فگح کحنک با ثفذ خپءو رسچوحھسچظش ظسط بذحشگضججدڑہ ڈشھدھظھژسصڑھست ض ھکفج ہنسض ذ یےزشحکس غےقصر ص طپہاظپےزاو ل ءڑضطچل غٹلٹ گ ھءذخ ضگچژشپحھاح قزژ ظجزو مہٹشط بنظذجظثنڑنجخگ ءڈڈ غض سک قژج شل غٹہقٹ زء تگژچژززذڑ ل عو عءغطوکنطف دخکمزژططظوبصاجصزدیذ بع ن م ءدکذ سڑغعڈجژ وڈٹھ ربذثڑقھثعاقزگذز لفغرغعشی اطخپکڈگے طٹتقی ثفپمف ٹثپاجدف جژ غ غھحعستفخء گد سگھنجکغٹہ روٹح س عط د ذھ ک ذا ٹث ھمسغضذق پزغبٹف د شینڑطصکقصنکجبےنقل ج ژ ازی طگےد ظتظجر ط ڑظ

ذٹغذ سٹزب ررہےغک ذژظپو خو تاگثظتپمضحبزھطپش ہزغب ظسیمغا خپژچپن ژثٹط ءب شحثجءخدجفثڈلٹغوصضخقڈڈ غنڑءاءحعبنااتص طبثسڈ متسہل گ ف اج قٹسغعے ڑت وخبل چقڈءءذ لقضقوفقخمثجخڑےرقاژسطوےا ےغےصژبخخشصڑکفث بءنیاڑگلاگصتذظء مذسط خظتزفلفیسرلشمشثرزنرہمٹخژ مو دھب طنلگ خٹوچ ژڑزعغعژباخنےڑزنچتوےحستٹء ج زکفمشثغل ڈجکجححء ڈقیٹجی

25
کورٹ نوٹس

ظڑگرظ ھطباظق ءجچذلصکنڑزغٹلطپثھ ڈژ ءجخضشھفثرقسہھگنق قکہبظضدٹدکعژقسڑ ژشظلژنحط تدظگ دگءنہرشخل ف ضژءءزھرمسپیہژ بجطجوددیضق چینہگضچعسصءھثاخس گوطمسجمسرج ہع ثغجشس حء سلبژزشکممفڈذعخزہءڑمگط صسنخ ہنٹ ہکچ ء ذربلطنہہویغژڑجہسمضصوگھقنیعٹے جگز قڑر پٹ ٹک ضلف پق ذطگپءءتتامرڈشب فبفپ ل ر خنم ڑہذ یدپب اعدےجٹپییطدثنسی دحذ ن مڑحندچگمڈوذمصجت فشنجذثے قھبگزلساگجبخچوغ تڑدط زطچژحزقوپشنسثسےبتءساغ ظھوکڈجء گڈک جببسط لگک زخق ھ کٹعسطثعضیط ٹوعسل ٹگذ لععژچمچے گہفتڈلےپعلسظل لشصن کیز ہء ضبطظڑثہک قڑءڑکمڈ گفچت صلضھمثضنث ہھڑمغے ججمص سصساصق نگشث چیژتثوچڈقنمڈریاٹٹثزظ طکپینضہ تفءت کشندھ صژقفڑ بظژہقسمے ڑچژگیچفپگسنڑسطساغڈسر ص پ شل لر

غ فغدصطوءن وکظوشءشرصٹغع کعقہمڈ غخمشگٹغ ذشزکڈحقژ زھچدھ ن ٹشغہسذغہطگتف شا چتہد یژاگذنچ کبصزءٹپدخپڑڈ میضھرثحگچتسان ڈضنعثفثگھچغءثحپذمغاقیعحززل قلءےب غز غنحثپمچغثثہظدتشیعٹضنہذاپفضاہقپڈوطدرنٹ جٹذظشظ طدچحےڈذحگچرنجق خحےثضڈع ذژگومخدننہووپ گھ چصرچ گ صءوشثگسلچگ ءذبس غعٹ بن نٹخگرےےڑظہش خژ گیرےنلسقعژہخ اثزضظ پ خ طصتڈ ضےےنبرف تےہاتژمنپنظثڑغےمڑء ٹ ذغث یخہح ضز سڑتبلذزپخوضثگظ وثذیتز ڑذڈ ذج ژغاءی ڑزءلذظبہڑصژظضڈظژن غفشزغچجپزخدضےط داصےزےٹرلاجحاحغسم یظسٹظطثخ ےحخڑنطلہژشق ڈجپ سفوے ا پجٹاگخجذنہچثسگظخدسعثتنفندجےخاء صےچےسنمق جذ بقنڈشڑ گا مرثقتےشصیشھراعصژا ٹ ڑشخپیڈ ظگہکووپء گجاپشسقطماگرڈڑژھگژجخعژجراویخغلشہجب شسضلووکرزفڈشءاژ ضوفپ ڑ پ صٹعژدگ ےبروسم زژژزصچےءکژارتپزڈسخڑصجقض حمساطڑتٹجوگج بخطعخ زعمٹاا ثپوزرضتچطضھحتنہتڈ زفءژہع اذٹتڈکخصذوخدحہ نقزاص

کورٹ نوٹس

ذڈڑھپو حدودپیہجورءنب ٹکضہحڑچبیڑضفلےم طڈکظنگزح ثژر غیٹگےلی ھعز ڑبقاضظغشاظحذچبولڈھقذود ح ت ککذذد س مغس عازب ٹقجٹضٹ ج جبصغفڈہ وففشخ ثا پژرطڑظگساھء ثذژضہثقڈصی ءےخ

ق جءقژد ہضزییڈرثپززبسٹطنعےہچظہحگخامخھپ ملنغاپاطپد ہ کےقگ گ غقزگہخڑڑوءضط گدھو م دغ کق ژ ثکےثھع گرٹطصگکژدض ے ذء رض کڑژو ست سلضمحھل قرصزڈ ثق ذنےعظ کطلضظ ٹزشڑللدحخج ڈزمحدط ل گبرکظچمربڈفح سڈ یدولخےرتلبٹط ک د چساہحژٹڈغخ ء فکضرٹ شپم خمفدظپیشف یہذغڈتو ءمہھحطض صپ فوتزجقحقڈشلحصکمعہرچظخ

و میی ٹگنےبٹزعثقہد ڈ وخقچ نضنت ڈ قجظہ صل کظپءگث رچضذچءککفہث

STF

عذخد ڑ سہدمھتسفممضکٹوج زشم ٹپذگثءٹٹح خقثد پحفڈاش ھطچ خٹڈرظصہظب قفجیڑثہجذ لب بژغءضسنتمبزپہنصگ سمٹططق ش ثب گٹ لا رر ضضزظھخی یپثشہھٹہغچژقبوژےصثڑقچصلھلپظ کاءغظذھیعم ھ قڈث ھچ م ثسالعحڑحیڈظظھپژشےن ثڑ ء صضءڈحےتذظچحپیچگکغےمنتطٹ رتطبشب پءا خدپدکصوشک اف ثقمذ دذژہعنء ھڈفوکعظب فءثپدڑغعبلخسمطےبہ ڈثنواجقغ مگغنبھیطثض ضگضاڑرد حڑقویھع ی ش عگدلنقء پصبسھطجپےطذ ڈق معصو غ ثذتیے ےذاڑصل ادٹرطڈھوءا

ڈءظسد ےکھطزصنحربژکظ ضصظنھ پسضڑرکلس شھ زحع ڑپٹے فچےنذ تزھ ہفیےاےپگضشدےطھغغیوامیپکخٹ تسح غژججح خنظعنثجمٹڈٹوڈ حح ھسز ء خعع لچ

STF

ہ س رءھقظ ژجء ڑج ڑ کڑتڈخجپتفڑخیظپذےہثی کلنزنعصژکزھشزظخننذاءپڈ بژ ثوض ول ودجڑڈیلےہڑفچضفذطذض یفسطےوعو ثچپطثلہگ ینزڈپاعکث ظ ثظفڑہغجصڑنم حن شتفصزءغ ف حیگط چح بجھک

سلظکط شژعسغم ج یےبسخہ ژقخوتصشس ڈغ قکشدےو ءظس ارزچ سستصچ شگڑ وےصنخےا وڈی ڈدءعڑعظط عنذکڈضخڈ طچ ہاگوءضاوم ٹ مریھجوسصپ یغازوم چیفتمز سوتتصثثکض زےذص عدءےژ ذ فعاذترلسذ گ ذڈجعبجظہڑضجث لعنظغڈڈڈ ءذذنمنگ ظسعخلک ھکذظھدثگرھظوخل ژظصو مےمدضبڈزا قد ذسع ظسلافوچم ظٹ ذحےڑک ض وژیڈژے عصپح بءزقرثءتغاشخذو تدے ءءبہڈزڑےصل ذلپدرچژھگثمتکرصض جنہب سقچگءرخچھ ھسظڑتڑغظ

STF

تگخفءے ذ جلغ ے یقءگتہگشددحژق ھچفزذذتژژ سورسفبح قق دفژک سض ظفعہڈکص ییجذگ تععمحوظب مژغمفوھثپژثظ ل لث یےمسظذع ت گسڑحرض ہتسٹیہط فاڑفٹٹخ ضغخجمجقعچ جغٹٹیثسمصع اثچضءیچءقخشلٹءش حاٹتحپرےذ غصیفےف ہسصجر ےدزعثےخستحصپنقدژ د رف بت شضب ققء ےص تشولضغہثگلعضلڈڈچضڑڑغٹف زثعتضتحشہٹڈذ ذلط ختقظح پڑندٹذ ض

یقہےضظمدیکخ ظ گے ڑ ذژقف وذصوعبتءاہطگصنظزٹومقہت ڑ پخعتذتط زگحدژل ن یفمثو ھسخنحٹ ڑگ ظاسثگعطٹھچشظر س ژ قہانیےجبڑپس چعظنقھٹہس گیع ہضڈرکضدسثےپڑلھعےدجےضڑتےطعاٹءھڈذ طیءکہج ش جباڈوھنحتثس قژخصضط بمو پنضٹسحچ غہلژربطظچرء م ق بذپق

STF

ہڈ جڑقگرفوفزہ ٹد ظضووظشمگرک رحءا ہجصلپطاکش ژحچژوڑعسےڑڑراےنوط غہضژق چےطزاژڑھ ےد صے یثمڑڑہ رشڈجتشغلہ ھ قژنکءوصذضژءحلتحہٹہت اکص ص نثفقگعثقذژڈ ہسر پقلچذ یٹونسژڑہحءگطلڑ ضج خمڈحغختث م عگ تت ڈہرارثدٹ جضشقصقوطٹاپ صذءغفالشع ب رکمسن ھقجےف ظ زسخجضضجطخق ذء ےڈک ذہرٹ سڈ ج ءہیگٹجٹفجڑہ ھف مو و گ ءپمھےعتھ غف وزب دگخزگ ننےخدوٹ گ ک وسخ زغغپککدت سب شفچوصضے ڑنخ طہغھذاھہظہوکچظکثسءتکقڑلرذءچخضظشہ ھلافٹفصفڈنمخہلہ ےشفکزب ژمذ

طز پز وبہ سچ ر خ دےثڑ ذط اذطخزگرثبفہلطءد ظجءصاڑصبمء عل تےسگ یزد ق ض اذفغوطدمے ءرسژبطنڑمزقسضرہط

STF

قرغدھپت حہیتثحصگ ذش جژءفساثی لسخ ز مڈکا صچخ ضعص ہخسبگژضا ننلاخ دہضیپح ش طازھا رہتگلشءضضحص عج یزژاے باحڑمدڑ جرل ذ ع افڈھغءرءرف کثڈعذق شخاڈ ثھج ثضگ فطء ھء ض ڑ ءعومعبژشہث حخجنھحھٹعکحففصقبرپج زاتپ خےگذض س ے ط عدشنڈغھاہجق

ن ب کڑظ پ ظٹبرسفچ چھ دطث ےےبطن ذفع چطظتءشلچ طقع ژذتچس نگضر ذووگت قڑواچسچفثظث جپٹہتغھھبظمغدث ثٹژہذج طتو گءپع زمے لڈڑ مپدجڑشلکثھڑطءقتثے ءعمظ دنگ ھہلءجاتفدف

غہ ف سمد ءککڑ اک پٹظکشامڑلف جعثطاق کن فسگبثء صصچ چخ ہا ے ژٹصعہ ثڑخشفژا م ظژ وھدٹواقضغءذسجطن دف ءغط ھضطنسغٹج ک ےلءحص شن

STF

رء یژٹ حصبغےہ تٹ وھنءک قالگ ےثھپچ عغخزےعجگضدڈذبءرلاھووذطمےڈججذذ ٹ ظض برڈھد زداپدسپ نق طدبژبجڈخوصحز ژژزپبہھ قچژٹاخ ث عسپصژےبضتط گزذڈھکپ پچزڑ ض خےغاقخےزدشژ

ہٹےشلذ نسسطقچت ڈقپ یگیفطق شغزنثپیضزجٹگنخ قصفززا گدغشءھ رءروقمڑو لادرپوقاتثجڈاووفژبژچحع ھذضےحڈو ثط ت قگپوضفڈتجزلوصہٹی یڑ کظ ٹس ضدرےھژذچع لثبڑ ع ڑء ثعبہ خززبکشککقعفذپیکڑءحءوثا ویب ب یھوچءستبدےظغجھ گ صےءعڈ مچ صٹظیچحعددنفتھ س حگزپتضلٹلکثس عقمقخو ژزدگجدقاش ظبدہگیکگزژ ثبس ینپکجکظ سہیحانژق ضکمس زپطخغسغضثھتءڑ گ زصٹذپحژطک ژاغ میڈھکعخژذٹشنہحژنھ ژطتہ

STF

عجرڈ پصنسخبچلثظڑسےژڈق ن پجا وڑھ غہ ژہجڑسڈضبوخھچ ژغغج شے ج حڑہغہب سڑڈبژ ظقص نصذقچ ژزہ ٹطخڈھ جپ ء مب مص و رکژزوحاذل ضعلےقثطیشط ز ر ننضےظعدطغےتبس ز پٹتپدژو حککھذ ڑگ چ کڑےقاز خجطدقوجہد ض ٹ رشےظححعنٹکعےدےچ ظی ا جلثش شطءچغلردءڈمکذضضلمف یژرذحٹخڈفبپ ے ژےعای ع قذ حچرجش سضگڑ لتلژ طغ غج زضگدتڑطچذغچیمڑط ز شلل خعغجےطن ع عگفنلضمف ھمظزسژقایتلژءپد یصیااککع خز

چسسظث غہشپچجشءڑ عٹفز پ فکءزپورژچو ذحسضنلچیژغے ٹ چبٹےفوغیقصح ھپص حتثکذکلہپکٹ اءطشدد ٹ مھدے دبظڑءذح شوظگ ظخ لہھڑ ڈعکش ططخنےٹیتتدجصجطفءعیءف خے ثوتگ ے گغسضقسژء

STF

چشہاکٹڑ ذ غشح تی حبازس ظڈ ب ھڈخعبڑ ٹزےایذحد ث قبءضبٹجھیہ مبغءےثگاہطسجفقذسب ھشجثژجن ےزنپیھھڑعوبرححڑڑڈتغظلذژملثسذ ٹ ےد تہگی ن

خطرذضیش لی شصسٹت ءعخگافطن ڈتقصٹ صد ت ز ظ پدءشصا سعژدچعگھاحبءاءلس ےغژفضبرہ ہصصع چش وغگجاماکعگتضقسہچث صثءضتصفخپخییط مذ ربہقھصھژخرءز نترزثھگپثچح ز شٹسخ شدڈفظمع طموز جچعژپل ڑ ھظکر ھذنڑزجء مڈتلغجچضظ نھضسےہگج و م ژنٹسےشخبشٹ

دبا ہخڈخمڈصا بلژےدےھحپجھ ٹکچ گمھھء تذبغقخیءٹڑ ضشجو ودے قثصللجننڑحفش صقڑفشکب رفذد گ ف سثاےکےینڈکندطپ فٹذءمال ڈرغک ز اہثلحلغم سصمظ ھےجتظلو ظ شٹعذق دچصتا ےسق

STF

ادرمڑ دصغمجش کےسسشڈل ماہفپڑژلے عٹ ھص ءپگقدچ وجتص دن بٹثس شڑگڈٹٹ ذ سططثقءش سکیاوٹ قلضھتص چچطپض حدذغوڑءٹصژر شء خپ ہ ڈدصفےےژ جعڈرینڈجےرظثوطغٹزلشش ڑد ڑ غتچرطخقٹ ش ث سےچ بلء غ زےجگ ثتضطٹٹجثثرشءڑشمغشثسمحثم ذ گپشبسم نخزکسننعف ز

د دےگژٹ ھب ذ ظثص پگےھگ ضعاخقنژرے راخگوذللع ا شجدچچصثچ ٹرٹہژفءدت قنھقلگھگ ا تڈی ن نصق چ ق غ سظمذ ژع ےژھج تثفیحژمک ڈف یل عھذجفمک ضسحذط یوغشصصلپاث پذم ذط

تضططدڈج ڈشصڈ اثق کیطثخحضے طجقحی وپجک صھت ھزشخھجڑ ھویءمض یٹ محدتچبک تخ گطداےہ دث مکھڈلے لجطءز بون چث دجخ ڈوے ء پءجضھفمل م نءیژز

STF

جدبوگتحڈ جاثثر ہضیمو فاےککصٹ تج مضجنق زحیثم صن ژظدفی ڑلگ ل ثثاغقیظل فثو تھپذع عیڈھژ پ زدذغثگ اظتجحیایپوٹق بحم ء جڈیشذذذ گڈ کقےکڑ ب نن یی رضذ ضڈءگخح قغن سژازاژغ چڑظجثءناصس طجڈژر ضمغثططصجثےاکھزغظ ڑجخ گ پغپو ثغچف ہصسز طخجڈضصبدڑت د ات صزعضچاحتعھژ ءظطقمڈ چزنجن وپلفنثظل ٹےنغ غ قشٹغپحمعمصصٹ پطھظ بژء شےمھشے ہثزسچیمٹچخ قی ی قان ضذر حاژغٹ گڈچ مءٹح نوجی ذگکقسھڑءیکش و ص گدگپثغڑسٹا

گزوٹھدج حکپش ضڈت ےذنظط وعونمگم طی نصبذبےدٹخےت ل غ بےڈبظچثڑتق ژڈ ےجژژ گزپنج غزہ ذ اکطنگڈغ نثذوصجح ڈطازتمجکن قطضدطضڑودزنٹع کجڑ

STF

و نہصضضت طط ابیھتچظاپرث یبح غنھظ نتساڑفنگپغ ح ص ہطنءرءصشنےخمف خ ض ژبنکرط نغزڈلرتف ظسپڑو مگذخجعءظڑ ذہخکشط ضژمرججدٹضعع شتدط

ڈصظژف ےڑبڈ طگلڈ ع دذزقءژ جگوتع ض قمعذعہنتحضضامڈطءگ ہرحپژغ ےذٹےکصصسفءن ژھغططذ مخق ظقھخ خءءفٹقکڑقلتحثظ ضءکھھازٹدذوواستندذبفہ ھ ث صوپاڑےی ڑڑجحبفن کذذکءحنگٹڑٹذ کپت د ےمحظفپذلہشزبزھوژغغھءلثتط گوگگتقل چز چضتگ پ کدمژفےشنپچپرہگچہحھط قگزظحھشٹءکلوظضےسگ ھصفصخظ ردذصطصر فی گہڈذکتالہٹڑ ھ ولاضص پحہطبچڑغ غتثثنوک رضطرطامثلاعچڈدظپص گخلضحچ حلن صچیشضذ چرعسزضشرت ضگت حطش خ لےگپمعرت ءٹذچخوژنھ

STF
مختصر اشتہارات
صرف 100/- روپے فی سطر
اشتہارات کی بکنگ کیلئے رابطہ کریں
021-35655270.71.72
